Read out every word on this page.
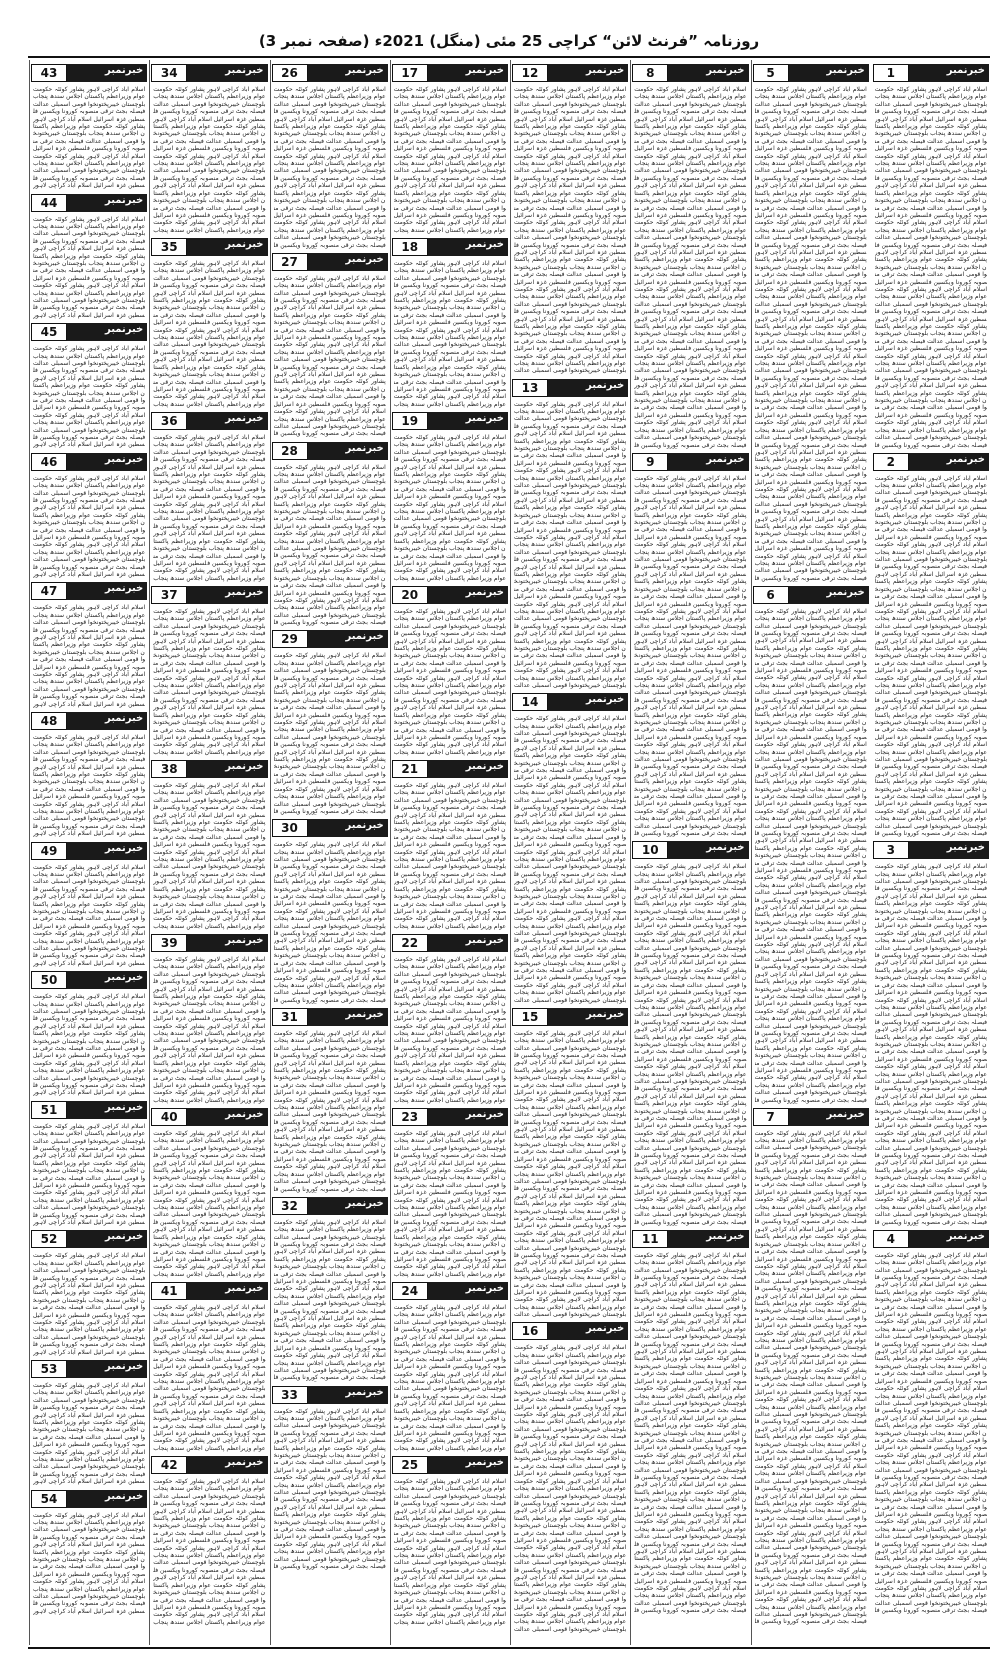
روزنامہ ”فرنٹ لائن“ کراچی 25 مئی (منگل) 2021ء (صفحہ نمبر 3)
خبرنمبر
1
اسلام آباد کراچی لاہور پشاور کوئٹہ حکومت عوام وزیراعظم پاکستان اجلاس سندھ پنجاب بلوچستان خیبرپختونخوا قومی اسمبلی عدالت فیصلہ بجٹ ترقی منصوبہ کورونا ویکسین فلسطین غزہ اسرائیل اسلام آباد کراچی لاہور پشاور کوئٹہ حکومت عوام وزیراعظم پاکستان اجلاس سندھ پنجاب بلوچستان خیبرپختونخوا قومی اسمبلی عدالت فیصلہ بجٹ ترقی منصوبہ کورونا ویکسین فلسطین غزہ اسرائیل اسلام آباد کراچی لاہور پشاور کوئٹہ حکومت عوام وزیراعظم پاکستان اجلاس سندھ پنجاب بلوچستان خیبرپختونخوا قومی اسمبلی عدالت فیصلہ بجٹ ترقی منصوبہ کورونا ویکسین فلسطین غزہ اسرائیل اسلام آباد کراچی لاہور پشاور کوئٹہ حکومت عوام وزیراعظم پاکستان اجلاس سندھ پنجاب بلوچستان خیبرپختونخوا قومی اسمبلی عدالت فیصلہ بجٹ ترقی منصوبہ کورونا ویکسین فلسطین غزہ اسرائیل اسلام آباد کراچی لاہور پشاور کوئٹہ حکومت عوام وزیراعظم پاکستان اجلاس سندھ پنجاب بلوچستان خیبرپختونخوا قومی اسمبلی عدالت فیصلہ بجٹ ترقی منصوبہ کورونا ویکسین فلسطین غزہ اسرائیل اسلام آباد کراچی لاہور پشاور کوئٹہ حکومت عوام وزیراعظم پاکستان اجلاس سندھ پنجاب بلوچستان خیبرپختونخوا قومی اسمبلی عدالت فیصلہ بجٹ ترقی منصوبہ کورونا ویکسین فلسطین غزہ اسرائیل اسلام آباد کراچی لاہور پشاور کوئٹہ حکومت عوام وزیراعظم پاکستان اجلاس سندھ پنجاب بلوچستان خیبرپختونخوا قومی اسمبلی عدالت فیصلہ بجٹ ترقی منصوبہ کورونا ویکسین فلسطین غزہ اسرائیل اسلام آباد کراچی لاہور پشاور کوئٹہ حکومت عوام وزیراعظم پاکستان اجلاس سندھ پنجاب بلوچستان خیبرپختونخوا قومی اسمبلی عدالت فیصلہ بجٹ ترقی منصوبہ کورونا ویکسین فلسطین غزہ اسرائیل اسلام آباد کراچی لاہور پشاور کوئٹہ حکومت عوام وزیراعظم پاکستان اجلاس سندھ پنجاب بلوچستان خیبرپختونخوا قومی اسمبلی عدالت فیصلہ بجٹ ترقی منصوبہ کورونا ویکسین فلسطین غزہ اسرائیل اسلام آباد کراچی لاہور پشاور کوئٹہ حکومت عوام وزیراعظم پاکستان اجلاس سندھ پنجاب بلوچستان خیبرپختونخوا قومی اسمبلی عدالت فیصلہ بجٹ ترقی منصوبہ کورونا ویکسین فلسطین غزہ اسرائیل اسلام آباد کراچی لاہور پشاور کوئٹہ حکومت عوام وزیراعظم پاکستان اجلاس سندھ پنجاب بلوچستان خیبرپختونخوا قومی اسمبلی عدالت فیصلہ بجٹ ترقی منصوبہ کورونا ویکسین فل
خبرنمبر
2
اسلام آباد کراچی لاہور پشاور کوئٹہ حکومت عوام وزیراعظم پاکستان اجلاس سندھ پنجاب بلوچستان خیبرپختونخوا قومی اسمبلی عدالت فیصلہ بجٹ ترقی منصوبہ کورونا ویکسین فلسطین غزہ اسرائیل اسلام آباد کراچی لاہور پشاور کوئٹہ حکومت عوام وزیراعظم پاکستان اجلاس سندھ پنجاب بلوچستان خیبرپختونخوا قومی اسمبلی عدالت فیصلہ بجٹ ترقی منصوبہ کورونا ویکسین فلسطین غزہ اسرائیل اسلام آباد کراچی لاہور پشاور کوئٹہ حکومت عوام وزیراعظم پاکستان اجلاس سندھ پنجاب بلوچستان خیبرپختونخوا قومی اسمبلی عدالت فیصلہ بجٹ ترقی منصوبہ کورونا ویکسین فلسطین غزہ اسرائیل اسلام آباد کراچی لاہور پشاور کوئٹہ حکومت عوام وزیراعظم پاکستان اجلاس سندھ پنجاب بلوچستان خیبرپختونخوا قومی اسمبلی عدالت فیصلہ بجٹ ترقی منصوبہ کورونا ویکسین فلسطین غزہ اسرائیل اسلام آباد کراچی لاہور پشاور کوئٹہ حکومت عوام وزیراعظم پاکستان اجلاس سندھ پنجاب بلوچستان خیبرپختونخوا قومی اسمبلی عدالت فیصلہ بجٹ ترقی منصوبہ کورونا ویکسین فلسطین غزہ اسرائیل اسلام آباد کراچی لاہور پشاور کوئٹہ حکومت عوام وزیراعظم پاکستان اجلاس سندھ پنجاب بلوچستان خیبرپختونخوا قومی اسمبلی عدالت فیصلہ بجٹ ترقی منصوبہ کورونا ویکسین فلسطین غزہ اسرائیل اسلام آباد کراچی لاہور پشاور کوئٹہ حکومت عوام وزیراعظم پاکستان اجلاس سندھ پنجاب بلوچستان خیبرپختونخوا قومی اسمبلی عدالت فیصلہ بجٹ ترقی منصوبہ کورونا ویکسین فلسطین غزہ اسرائیل اسلام آباد کراچی لاہور پشاور کوئٹہ حکومت عوام وزیراعظم پاکستان اجلاس سندھ پنجاب بلوچستان خیبرپختونخوا قومی اسمبلی عدالت فیصلہ بجٹ ترقی منصوبہ کورونا ویکسین فلسطین غزہ اسرائیل اسلام آباد کراچی لاہور پشاور کوئٹہ حکومت عوام وزیراعظم پاکستان اجلاس سندھ پنجاب بلوچستان خیبرپختونخوا قومی اسمبلی عدالت فیصلہ بجٹ ترقی منصوبہ کورونا ویکسین فلسطین غزہ اسرائیل اسلام آباد کراچی لاہور پشاور کوئٹہ حکومت عوام وزیراعظم پاکستان اجلاس سندھ پنجاب بلوچستان خیبرپختونخوا قومی اسمبلی عدالت فیصلہ بجٹ ترقی منصوبہ کورونا ویکسین فلسطین غزہ اسرائیل اسلام آباد کراچی لاہور پشاور کوئٹہ حکومت عوام وزیراعظم پاکستان اجلاس سندھ پنجاب بلوچستان خیبرپختونخوا قومی اسمبلی عدالت فیصلہ بجٹ ترقی منصوبہ کورونا ویکسین فل
خبرنمبر
3
اسلام آباد کراچی لاہور پشاور کوئٹہ حکومت عوام وزیراعظم پاکستان اجلاس سندھ پنجاب بلوچستان خیبرپختونخوا قومی اسمبلی عدالت فیصلہ بجٹ ترقی منصوبہ کورونا ویکسین فلسطین غزہ اسرائیل اسلام آباد کراچی لاہور پشاور کوئٹہ حکومت عوام وزیراعظم پاکستان اجلاس سندھ پنجاب بلوچستان خیبرپختونخوا قومی اسمبلی عدالت فیصلہ بجٹ ترقی منصوبہ کورونا ویکسین فلسطین غزہ اسرائیل اسلام آباد کراچی لاہور پشاور کوئٹہ حکومت عوام وزیراعظم پاکستان اجلاس سندھ پنجاب بلوچستان خیبرپختونخوا قومی اسمبلی عدالت فیصلہ بجٹ ترقی منصوبہ کورونا ویکسین فلسطین غزہ اسرائیل اسلام آباد کراچی لاہور پشاور کوئٹہ حکومت عوام وزیراعظم پاکستان اجلاس سندھ پنجاب بلوچستان خیبرپختونخوا قومی اسمبلی عدالت فیصلہ بجٹ ترقی منصوبہ کورونا ویکسین فلسطین غزہ اسرائیل اسلام آباد کراچی لاہور پشاور کوئٹہ حکومت عوام وزیراعظم پاکستان اجلاس سندھ پنجاب بلوچستان خیبرپختونخوا قومی اسمبلی عدالت فیصلہ بجٹ ترقی منصوبہ کورونا ویکسین فلسطین غزہ اسرائیل اسلام آباد کراچی لاہور پشاور کوئٹہ حکومت عوام وزیراعظم پاکستان اجلاس سندھ پنجاب بلوچستان خیبرپختونخوا قومی اسمبلی عدالت فیصلہ بجٹ ترقی منصوبہ کورونا ویکسین فلسطین غزہ اسرائیل اسلام آباد کراچی لاہور پشاور کوئٹہ حکومت عوام وزیراعظم پاکستان اجلاس سندھ پنجاب بلوچستان خیبرپختونخوا قومی اسمبلی عدالت فیصلہ بجٹ ترقی منصوبہ کورونا ویکسین فلسطین غزہ اسرائیل اسلام آباد کراچی لاہور پشاور کوئٹہ حکومت عوام وزیراعظم پاکستان اجلاس سندھ پنجاب بلوچستان خیبرپختونخوا قومی اسمبلی عدالت فیصلہ بجٹ ترقی منصوبہ کورونا ویکسین فلسطین غزہ اسرائیل اسلام آباد کراچی لاہور پشاور کوئٹہ حکومت عوام وزیراعظم پاکستان اجلاس سندھ پنجاب بلوچستان خیبرپختونخوا قومی اسمبلی عدالت فیصلہ بجٹ ترقی منصوبہ کورونا ویکسین فلسطین غزہ اسرائیل اسلام آباد کراچی لاہور پشاور کوئٹہ حکومت عوام وزیراعظم پاکستان اجلاس سندھ پنجاب بلوچستان خیبرپختونخوا قومی اسمبلی عدالت فیصلہ بجٹ ترقی منصوبہ کورونا ویکسین فلسطین غزہ اسرائیل اسلام آباد کراچی لاہور پشاور کوئٹہ حکومت عوام وزیراعظم پاکستان اجلاس سندھ پنجاب بلوچستان خیبرپختونخوا قومی اسمبلی عدالت فیصلہ بجٹ ترقی منصوبہ کورونا ویکسین فل
خبرنمبر
4
اسلام آباد کراچی لاہور پشاور کوئٹہ حکومت عوام وزیراعظم پاکستان اجلاس سندھ پنجاب بلوچستان خیبرپختونخوا قومی اسمبلی عدالت فیصلہ بجٹ ترقی منصوبہ کورونا ویکسین فلسطین غزہ اسرائیل اسلام آباد کراچی لاہور پشاور کوئٹہ حکومت عوام وزیراعظم پاکستان اجلاس سندھ پنجاب بلوچستان خیبرپختونخوا قومی اسمبلی عدالت فیصلہ بجٹ ترقی منصوبہ کورونا ویکسین فلسطین غزہ اسرائیل اسلام آباد کراچی لاہور پشاور کوئٹہ حکومت عوام وزیراعظم پاکستان اجلاس سندھ پنجاب بلوچستان خیبرپختونخوا قومی اسمبلی عدالت فیصلہ بجٹ ترقی منصوبہ کورونا ویکسین فلسطین غزہ اسرائیل اسلام آباد کراچی لاہور پشاور کوئٹہ حکومت عوام وزیراعظم پاکستان اجلاس سندھ پنجاب بلوچستان خیبرپختونخوا قومی اسمبلی عدالت فیصلہ بجٹ ترقی منصوبہ کورونا ویکسین فلسطین غزہ اسرائیل اسلام آباد کراچی لاہور پشاور کوئٹہ حکومت عوام وزیراعظم پاکستان اجلاس سندھ پنجاب بلوچستان خیبرپختونخوا قومی اسمبلی عدالت فیصلہ بجٹ ترقی منصوبہ کورونا ویکسین فلسطین غزہ اسرائیل اسلام آباد کراچی لاہور پشاور کوئٹہ حکومت عوام وزیراعظم پاکستان اجلاس سندھ پنجاب بلوچستان خیبرپختونخوا قومی اسمبلی عدالت فیصلہ بجٹ ترقی منصوبہ کورونا ویکسین فلسطین غزہ اسرائیل اسلام آباد کراچی لاہور پشاور کوئٹہ حکومت عوام وزیراعظم پاکستان اجلاس سندھ پنجاب بلوچستان خیبرپختونخوا قومی اسمبلی عدالت فیصلہ بجٹ ترقی منصوبہ کورونا ویکسین فلسطین غزہ اسرائیل اسلام آباد کراچی لاہور پشاور کوئٹہ حکومت عوام وزیراعظم پاکستان اجلاس سندھ پنجاب بلوچستان خیبرپختونخوا قومی اسمبلی عدالت فیصلہ بجٹ ترقی منصوبہ کورونا ویکسین فلسطین غزہ اسرائیل اسلام آباد کراچی لاہور پشاور کوئٹہ حکومت عوام وزیراعظم پاکستان اجلاس سندھ پنجاب بلوچستان خیبرپختونخوا قومی اسمبلی عدالت فیصلہ بجٹ ترقی منصوبہ کورونا ویکسین فلسطین غزہ اسرائیل اسلام آباد کراچی لاہور پشاور کوئٹہ حکومت عوام وزیراعظم پاکستان اجلاس سندھ پنجاب بلوچستان خیبرپختونخوا قومی اسمبلی عدالت فیصلہ بجٹ ترقی منصوبہ کورونا ویکسین فلسطین غزہ اسرائیل اسلام آباد کراچی لاہور پشاور کوئٹہ حکومت عوام وزیراعظم پاکستان اجلاس سندھ پنجاب بلوچستان خیبرپختونخوا قومی اسمبلی عدالت فیصلہ بجٹ ترقی منصوبہ کورونا ویکسین فل
خبرنمبر
5
اسلام آباد کراچی لاہور پشاور کوئٹہ حکومت عوام وزیراعظم پاکستان اجلاس سندھ پنجاب بلوچستان خیبرپختونخوا قومی اسمبلی عدالت فیصلہ بجٹ ترقی منصوبہ کورونا ویکسین فلسطین غزہ اسرائیل اسلام آباد کراچی لاہور پشاور کوئٹہ حکومت عوام وزیراعظم پاکستان اجلاس سندھ پنجاب بلوچستان خیبرپختونخوا قومی اسمبلی عدالت فیصلہ بجٹ ترقی منصوبہ کورونا ویکسین فلسطین غزہ اسرائیل اسلام آباد کراچی لاہور پشاور کوئٹہ حکومت عوام وزیراعظم پاکستان اجلاس سندھ پنجاب بلوچستان خیبرپختونخوا قومی اسمبلی عدالت فیصلہ بجٹ ترقی منصوبہ کورونا ویکسین فلسطین غزہ اسرائیل اسلام آباد کراچی لاہور پشاور کوئٹہ حکومت عوام وزیراعظم پاکستان اجلاس سندھ پنجاب بلوچستان خیبرپختونخوا قومی اسمبلی عدالت فیصلہ بجٹ ترقی منصوبہ کورونا ویکسین فلسطین غزہ اسرائیل اسلام آباد کراچی لاہور پشاور کوئٹہ حکومت عوام وزیراعظم پاکستان اجلاس سندھ پنجاب بلوچستان خیبرپختونخوا قومی اسمبلی عدالت فیصلہ بجٹ ترقی منصوبہ کورونا ویکسین فلسطین غزہ اسرائیل اسلام آباد کراچی لاہور پشاور کوئٹہ حکومت عوام وزیراعظم پاکستان اجلاس سندھ پنجاب بلوچستان خیبرپختونخوا قومی اسمبلی عدالت فیصلہ بجٹ ترقی منصوبہ کورونا ویکسین فلسطین غزہ اسرائیل اسلام آباد کراچی لاہور پشاور کوئٹہ حکومت عوام وزیراعظم پاکستان اجلاس سندھ پنجاب بلوچستان خیبرپختونخوا قومی اسمبلی عدالت فیصلہ بجٹ ترقی منصوبہ کورونا ویکسین فلسطین غزہ اسرائیل اسلام آباد کراچی لاہور پشاور کوئٹہ حکومت عوام وزیراعظم پاکستان اجلاس سندھ پنجاب بلوچستان خیبرپختونخوا قومی اسمبلی عدالت فیصلہ بجٹ ترقی منصوبہ کورونا ویکسین فلسطین غزہ اسرائیل اسلام آباد کراچی لاہور پشاور کوئٹہ حکومت عوام وزیراعظم پاکستان اجلاس سندھ پنجاب بلوچستان خیبرپختونخوا قومی اسمبلی عدالت فیصلہ بجٹ ترقی منصوبہ کورونا ویکسین فلسطین غزہ اسرائیل اسلام آباد کراچی لاہور پشاور کوئٹہ حکومت عوام وزیراعظم پاکستان اجلاس سندھ پنجاب بلوچستان خیبرپختونخوا قومی اسمبلی عدالت فیصلہ بجٹ ترقی منصوبہ کورونا ویکسین فلسطین غزہ اسرائیل اسلام آباد کراچی لاہور پشاور کوئٹہ حکومت عوام وزیراعظم پاکستان اجلاس سندھ پنجاب بلوچستان خیبرپختونخوا قومی اسمبلی عدالت فیصلہ بجٹ ترقی منصوبہ کورونا ویکسین فلسطین غزہ اسرائیل اسلام آباد کراچی لاہور پشاور کوئٹہ حکومت عوام وزیراعظم پاکستان اجلاس سندھ پنجاب بلوچستان خیبرپختونخوا قومی اسمبلی عدالت فیصلہ بجٹ ترقی منصوبہ کورونا ویکسین فلسطین غزہ اسرائیل اسلام آباد کراچی لاہور پشاور کوئٹہ حکومت عوام وزیراعظم پاکستان اجلاس سندھ پنجاب بلوچستان خیبرپختونخوا قومی اسمبلی عدالت فیصلہ بجٹ ترقی منصوبہ کورونا ویکسین فلسطین غزہ اسرائیل اسلام آباد کراچی لاہور پشاور کوئٹہ حکومت عوام وزیراعظم پاکستان اجلاس سندھ پنجاب بلوچستان خیبرپختونخوا قومی اسمبلی عدالت فیصلہ بجٹ ترقی منصوبہ کورونا ویکسین فلسطین غزہ اسرائیل اسلام آباد کراچی لاہور پشاور کوئٹہ حکومت عوام وزیراعظم پاکستان اجلاس سندھ پنجاب بلوچستان خیبرپختونخوا قومی اسمبلی عدالت فیصلہ بجٹ ترقی منصوبہ کورونا ویکسین فل
خبرنمبر
6
اسلام آباد کراچی لاہور پشاور کوئٹہ حکومت عوام وزیراعظم پاکستان اجلاس سندھ پنجاب بلوچستان خیبرپختونخوا قومی اسمبلی عدالت فیصلہ بجٹ ترقی منصوبہ کورونا ویکسین فلسطین غزہ اسرائیل اسلام آباد کراچی لاہور پشاور کوئٹہ حکومت عوام وزیراعظم پاکستان اجلاس سندھ پنجاب بلوچستان خیبرپختونخوا قومی اسمبلی عدالت فیصلہ بجٹ ترقی منصوبہ کورونا ویکسین فلسطین غزہ اسرائیل اسلام آباد کراچی لاہور پشاور کوئٹہ حکومت عوام وزیراعظم پاکستان اجلاس سندھ پنجاب بلوچستان خیبرپختونخوا قومی اسمبلی عدالت فیصلہ بجٹ ترقی منصوبہ کورونا ویکسین فلسطین غزہ اسرائیل اسلام آباد کراچی لاہور پشاور کوئٹہ حکومت عوام وزیراعظم پاکستان اجلاس سندھ پنجاب بلوچستان خیبرپختونخوا قومی اسمبلی عدالت فیصلہ بجٹ ترقی منصوبہ کورونا ویکسین فلسطین غزہ اسرائیل اسلام آباد کراچی لاہور پشاور کوئٹہ حکومت عوام وزیراعظم پاکستان اجلاس سندھ پنجاب بلوچستان خیبرپختونخوا قومی اسمبلی عدالت فیصلہ بجٹ ترقی منصوبہ کورونا ویکسین فلسطین غزہ اسرائیل اسلام آباد کراچی لاہور پشاور کوئٹہ حکومت عوام وزیراعظم پاکستان اجلاس سندھ پنجاب بلوچستان خیبرپختونخوا قومی اسمبلی عدالت فیصلہ بجٹ ترقی منصوبہ کورونا ویکسین فلسطین غزہ اسرائیل اسلام آباد کراچی لاہور پشاور کوئٹہ حکومت عوام وزیراعظم پاکستان اجلاس سندھ پنجاب بلوچستان خیبرپختونخوا قومی اسمبلی عدالت فیصلہ بجٹ ترقی منصوبہ کورونا ویکسین فلسطین غزہ اسرائیل اسلام آباد کراچی لاہور پشاور کوئٹہ حکومت عوام وزیراعظم پاکستان اجلاس سندھ پنجاب بلوچستان خیبرپختونخوا قومی اسمبلی عدالت فیصلہ بجٹ ترقی منصوبہ کورونا ویکسین فلسطین غزہ اسرائیل اسلام آباد کراچی لاہور پشاور کوئٹہ حکومت عوام وزیراعظم پاکستان اجلاس سندھ پنجاب بلوچستان خیبرپختونخوا قومی اسمبلی عدالت فیصلہ بجٹ ترقی منصوبہ کورونا ویکسین فلسطین غزہ اسرائیل اسلام آباد کراچی لاہور پشاور کوئٹہ حکومت عوام وزیراعظم پاکستان اجلاس سندھ پنجاب بلوچستان خیبرپختونخوا قومی اسمبلی عدالت فیصلہ بجٹ ترقی منصوبہ کورونا ویکسین فلسطین غزہ اسرائیل اسلام آباد کراچی لاہور پشاور کوئٹہ حکومت عوام وزیراعظم پاکستان اجلاس سندھ پنجاب بلوچستان خیبرپختونخوا قومی اسمبلی عدالت فیصلہ بجٹ ترقی منصوبہ کورونا ویکسین فلسطین غزہ اسرائیل اسلام آباد کراچی لاہور پشاور کوئٹہ حکومت عوام وزیراعظم پاکستان اجلاس سندھ پنجاب بلوچستان خیبرپختونخوا قومی اسمبلی عدالت فیصلہ بجٹ ترقی منصوبہ کورونا ویکسین فلسطین غزہ اسرائیل اسلام آباد کراچی لاہور پشاور کوئٹہ حکومت عوام وزیراعظم پاکستان اجلاس سندھ پنجاب بلوچستان خیبرپختونخوا قومی اسمبلی عدالت فیصلہ بجٹ ترقی منصوبہ کورونا ویکسین فلسطین غزہ اسرائیل اسلام آباد کراچی لاہور پشاور کوئٹہ حکومت عوام وزیراعظم پاکستان اجلاس سندھ پنجاب بلوچستان خیبرپختونخوا قومی اسمبلی عدالت فیصلہ بجٹ ترقی منصوبہ کورونا ویکسین فلسطین غزہ اسرائیل اسلام آباد کراچی لاہور پشاور کوئٹہ حکومت عوام وزیراعظم پاکستان اجلاس سندھ پنجاب بلوچستان خیبرپختونخوا قومی اسمبلی عدالت فیصلہ بجٹ ترقی منصوبہ کورونا ویکسین فل
خبرنمبر
7
اسلام آباد کراچی لاہور پشاور کوئٹہ حکومت عوام وزیراعظم پاکستان اجلاس سندھ پنجاب بلوچستان خیبرپختونخوا قومی اسمبلی عدالت فیصلہ بجٹ ترقی منصوبہ کورونا ویکسین فلسطین غزہ اسرائیل اسلام آباد کراچی لاہور پشاور کوئٹہ حکومت عوام وزیراعظم پاکستان اجلاس سندھ پنجاب بلوچستان خیبرپختونخوا قومی اسمبلی عدالت فیصلہ بجٹ ترقی منصوبہ کورونا ویکسین فلسطین غزہ اسرائیل اسلام آباد کراچی لاہور پشاور کوئٹہ حکومت عوام وزیراعظم پاکستان اجلاس سندھ پنجاب بلوچستان خیبرپختونخوا قومی اسمبلی عدالت فیصلہ بجٹ ترقی منصوبہ کورونا ویکسین فلسطین غزہ اسرائیل اسلام آباد کراچی لاہور پشاور کوئٹہ حکومت عوام وزیراعظم پاکستان اجلاس سندھ پنجاب بلوچستان خیبرپختونخوا قومی اسمبلی عدالت فیصلہ بجٹ ترقی منصوبہ کورونا ویکسین فلسطین غزہ اسرائیل اسلام آباد کراچی لاہور پشاور کوئٹہ حکومت عوام وزیراعظم پاکستان اجلاس سندھ پنجاب بلوچستان خیبرپختونخوا قومی اسمبلی عدالت فیصلہ بجٹ ترقی منصوبہ کورونا ویکسین فلسطین غزہ اسرائیل اسلام آباد کراچی لاہور پشاور کوئٹہ حکومت عوام وزیراعظم پاکستان اجلاس سندھ پنجاب بلوچستان خیبرپختونخوا قومی اسمبلی عدالت فیصلہ بجٹ ترقی منصوبہ کورونا ویکسین فلسطین غزہ اسرائیل اسلام آباد کراچی لاہور پشاور کوئٹہ حکومت عوام وزیراعظم پاکستان اجلاس سندھ پنجاب بلوچستان خیبرپختونخوا قومی اسمبلی عدالت فیصلہ بجٹ ترقی منصوبہ کورونا ویکسین فلسطین غزہ اسرائیل اسلام آباد کراچی لاہور پشاور کوئٹہ حکومت عوام وزیراعظم پاکستان اجلاس سندھ پنجاب بلوچستان خیبرپختونخوا قومی اسمبلی عدالت فیصلہ بجٹ ترقی منصوبہ کورونا ویکسین فلسطین غزہ اسرائیل اسلام آباد کراچی لاہور پشاور کوئٹہ حکومت عوام وزیراعظم پاکستان اجلاس سندھ پنجاب بلوچستان خیبرپختونخوا قومی اسمبلی عدالت فیصلہ بجٹ ترقی منصوبہ کورونا ویکسین فلسطین غزہ اسرائیل اسلام آباد کراچی لاہور پشاور کوئٹہ حکومت عوام وزیراعظم پاکستان اجلاس سندھ پنجاب بلوچستان خیبرپختونخوا قومی اسمبلی عدالت فیصلہ بجٹ ترقی منصوبہ کورونا ویکسین فلسطین غزہ اسرائیل اسلام آباد کراچی لاہور پشاور کوئٹہ حکومت عوام وزیراعظم پاکستان اجلاس سندھ پنجاب بلوچستان خیبرپختونخوا قومی اسمبلی عدالت فیصلہ بجٹ ترقی منصوبہ کورونا ویکسین فلسطین غزہ اسرائیل اسلام آباد کراچی لاہور پشاور کوئٹہ حکومت عوام وزیراعظم پاکستان اجلاس سندھ پنجاب بلوچستان خیبرپختونخوا قومی اسمبلی عدالت فیصلہ بجٹ ترقی منصوبہ کورونا ویکسین فلسطین غزہ اسرائیل اسلام آباد کراچی لاہور پشاور کوئٹہ حکومت عوام وزیراعظم پاکستان اجلاس سندھ پنجاب بلوچستان خیبرپختونخوا قومی اسمبلی عدالت فیصلہ بجٹ ترقی منصوبہ کورونا ویکسین فلسطین غزہ اسرائیل اسلام آباد کراچی لاہور پشاور کوئٹہ حکومت عوام وزیراعظم پاکستان اجلاس سندھ پنجاب بلوچستان خیبرپختونخوا قومی اسمبلی عدالت فیصلہ بجٹ ترقی منصوبہ کورونا ویکسین فلسطین غزہ اسرائیل اسلام آباد کراچی لاہور پشاور کوئٹہ حکومت عوام وزیراعظم پاکستان اجلاس سندھ پنجاب بلوچستان خیبرپختونخوا قومی اسمبلی عدالت فیصلہ بجٹ ترقی منصوبہ کورونا ویکسین فل
خبرنمبر
8
اسلام آباد کراچی لاہور پشاور کوئٹہ حکومت عوام وزیراعظم پاکستان اجلاس سندھ پنجاب بلوچستان خیبرپختونخوا قومی اسمبلی عدالت فیصلہ بجٹ ترقی منصوبہ کورونا ویکسین فلسطین غزہ اسرائیل اسلام آباد کراچی لاہور پشاور کوئٹہ حکومت عوام وزیراعظم پاکستان اجلاس سندھ پنجاب بلوچستان خیبرپختونخوا قومی اسمبلی عدالت فیصلہ بجٹ ترقی منصوبہ کورونا ویکسین فلسطین غزہ اسرائیل اسلام آباد کراچی لاہور پشاور کوئٹہ حکومت عوام وزیراعظم پاکستان اجلاس سندھ پنجاب بلوچستان خیبرپختونخوا قومی اسمبلی عدالت فیصلہ بجٹ ترقی منصوبہ کورونا ویکسین فلسطین غزہ اسرائیل اسلام آباد کراچی لاہور پشاور کوئٹہ حکومت عوام وزیراعظم پاکستان اجلاس سندھ پنجاب بلوچستان خیبرپختونخوا قومی اسمبلی عدالت فیصلہ بجٹ ترقی منصوبہ کورونا ویکسین فلسطین غزہ اسرائیل اسلام آباد کراچی لاہور پشاور کوئٹہ حکومت عوام وزیراعظم پاکستان اجلاس سندھ پنجاب بلوچستان خیبرپختونخوا قومی اسمبلی عدالت فیصلہ بجٹ ترقی منصوبہ کورونا ویکسین فلسطین غزہ اسرائیل اسلام آباد کراچی لاہور پشاور کوئٹہ حکومت عوام وزیراعظم پاکستان اجلاس سندھ پنجاب بلوچستان خیبرپختونخوا قومی اسمبلی عدالت فیصلہ بجٹ ترقی منصوبہ کورونا ویکسین فلسطین غزہ اسرائیل اسلام آباد کراچی لاہور پشاور کوئٹہ حکومت عوام وزیراعظم پاکستان اجلاس سندھ پنجاب بلوچستان خیبرپختونخوا قومی اسمبلی عدالت فیصلہ بجٹ ترقی منصوبہ کورونا ویکسین فلسطین غزہ اسرائیل اسلام آباد کراچی لاہور پشاور کوئٹہ حکومت عوام وزیراعظم پاکستان اجلاس سندھ پنجاب بلوچستان خیبرپختونخوا قومی اسمبلی عدالت فیصلہ بجٹ ترقی منصوبہ کورونا ویکسین فلسطین غزہ اسرائیل اسلام آباد کراچی لاہور پشاور کوئٹہ حکومت عوام وزیراعظم پاکستان اجلاس سندھ پنجاب بلوچستان خیبرپختونخوا قومی اسمبلی عدالت فیصلہ بجٹ ترقی منصوبہ کورونا ویکسین فلسطین غزہ اسرائیل اسلام آباد کراچی لاہور پشاور کوئٹہ حکومت عوام وزیراعظم پاکستان اجلاس سندھ پنجاب بلوچستان خیبرپختونخوا قومی اسمبلی عدالت فیصلہ بجٹ ترقی منصوبہ کورونا ویکسین فلسطین غزہ اسرائیل اسلام آباد کراچی لاہور پشاور کوئٹہ حکومت عوام وزیراعظم پاکستان اجلاس سندھ پنجاب بلوچستان خیبرپختونخوا قومی اسمبلی عدالت فیصلہ بجٹ ترقی منصوبہ کورونا ویکسین فل
خبرنمبر
9
اسلام آباد کراچی لاہور پشاور کوئٹہ حکومت عوام وزیراعظم پاکستان اجلاس سندھ پنجاب بلوچستان خیبرپختونخوا قومی اسمبلی عدالت فیصلہ بجٹ ترقی منصوبہ کورونا ویکسین فلسطین غزہ اسرائیل اسلام آباد کراچی لاہور پشاور کوئٹہ حکومت عوام وزیراعظم پاکستان اجلاس سندھ پنجاب بلوچستان خیبرپختونخوا قومی اسمبلی عدالت فیصلہ بجٹ ترقی منصوبہ کورونا ویکسین فلسطین غزہ اسرائیل اسلام آباد کراچی لاہور پشاور کوئٹہ حکومت عوام وزیراعظم پاکستان اجلاس سندھ پنجاب بلوچستان خیبرپختونخوا قومی اسمبلی عدالت فیصلہ بجٹ ترقی منصوبہ کورونا ویکسین فلسطین غزہ اسرائیل اسلام آباد کراچی لاہور پشاور کوئٹہ حکومت عوام وزیراعظم پاکستان اجلاس سندھ پنجاب بلوچستان خیبرپختونخوا قومی اسمبلی عدالت فیصلہ بجٹ ترقی منصوبہ کورونا ویکسین فلسطین غزہ اسرائیل اسلام آباد کراچی لاہور پشاور کوئٹہ حکومت عوام وزیراعظم پاکستان اجلاس سندھ پنجاب بلوچستان خیبرپختونخوا قومی اسمبلی عدالت فیصلہ بجٹ ترقی منصوبہ کورونا ویکسین فلسطین غزہ اسرائیل اسلام آباد کراچی لاہور پشاور کوئٹہ حکومت عوام وزیراعظم پاکستان اجلاس سندھ پنجاب بلوچستان خیبرپختونخوا قومی اسمبلی عدالت فیصلہ بجٹ ترقی منصوبہ کورونا ویکسین فلسطین غزہ اسرائیل اسلام آباد کراچی لاہور پشاور کوئٹہ حکومت عوام وزیراعظم پاکستان اجلاس سندھ پنجاب بلوچستان خیبرپختونخوا قومی اسمبلی عدالت فیصلہ بجٹ ترقی منصوبہ کورونا ویکسین فلسطین غزہ اسرائیل اسلام آباد کراچی لاہور پشاور کوئٹہ حکومت عوام وزیراعظم پاکستان اجلاس سندھ پنجاب بلوچستان خیبرپختونخوا قومی اسمبلی عدالت فیصلہ بجٹ ترقی منصوبہ کورونا ویکسین فلسطین غزہ اسرائیل اسلام آباد کراچی لاہور پشاور کوئٹہ حکومت عوام وزیراعظم پاکستان اجلاس سندھ پنجاب بلوچستان خیبرپختونخوا قومی اسمبلی عدالت فیصلہ بجٹ ترقی منصوبہ کورونا ویکسین فلسطین غزہ اسرائیل اسلام آباد کراچی لاہور پشاور کوئٹہ حکومت عوام وزیراعظم پاکستان اجلاس سندھ پنجاب بلوچستان خیبرپختونخوا قومی اسمبلی عدالت فیصلہ بجٹ ترقی منصوبہ کورونا ویکسین فلسطین غزہ اسرائیل اسلام آباد کراچی لاہور پشاور کوئٹہ حکومت عوام وزیراعظم پاکستان اجلاس سندھ پنجاب بلوچستان خیبرپختونخوا قومی اسمبلی عدالت فیصلہ بجٹ ترقی منصوبہ کورونا ویکسین فل
خبرنمبر
10
اسلام آباد کراچی لاہور پشاور کوئٹہ حکومت عوام وزیراعظم پاکستان اجلاس سندھ پنجاب بلوچستان خیبرپختونخوا قومی اسمبلی عدالت فیصلہ بجٹ ترقی منصوبہ کورونا ویکسین فلسطین غزہ اسرائیل اسلام آباد کراچی لاہور پشاور کوئٹہ حکومت عوام وزیراعظم پاکستان اجلاس سندھ پنجاب بلوچستان خیبرپختونخوا قومی اسمبلی عدالت فیصلہ بجٹ ترقی منصوبہ کورونا ویکسین فلسطین غزہ اسرائیل اسلام آباد کراچی لاہور پشاور کوئٹہ حکومت عوام وزیراعظم پاکستان اجلاس سندھ پنجاب بلوچستان خیبرپختونخوا قومی اسمبلی عدالت فیصلہ بجٹ ترقی منصوبہ کورونا ویکسین فلسطین غزہ اسرائیل اسلام آباد کراچی لاہور پشاور کوئٹہ حکومت عوام وزیراعظم پاکستان اجلاس سندھ پنجاب بلوچستان خیبرپختونخوا قومی اسمبلی عدالت فیصلہ بجٹ ترقی منصوبہ کورونا ویکسین فلسطین غزہ اسرائیل اسلام آباد کراچی لاہور پشاور کوئٹہ حکومت عوام وزیراعظم پاکستان اجلاس سندھ پنجاب بلوچستان خیبرپختونخوا قومی اسمبلی عدالت فیصلہ بجٹ ترقی منصوبہ کورونا ویکسین فلسطین غزہ اسرائیل اسلام آباد کراچی لاہور پشاور کوئٹہ حکومت عوام وزیراعظم پاکستان اجلاس سندھ پنجاب بلوچستان خیبرپختونخوا قومی اسمبلی عدالت فیصلہ بجٹ ترقی منصوبہ کورونا ویکسین فلسطین غزہ اسرائیل اسلام آباد کراچی لاہور پشاور کوئٹہ حکومت عوام وزیراعظم پاکستان اجلاس سندھ پنجاب بلوچستان خیبرپختونخوا قومی اسمبلی عدالت فیصلہ بجٹ ترقی منصوبہ کورونا ویکسین فلسطین غزہ اسرائیل اسلام آباد کراچی لاہور پشاور کوئٹہ حکومت عوام وزیراعظم پاکستان اجلاس سندھ پنجاب بلوچستان خیبرپختونخوا قومی اسمبلی عدالت فیصلہ بجٹ ترقی منصوبہ کورونا ویکسین فلسطین غزہ اسرائیل اسلام آباد کراچی لاہور پشاور کوئٹہ حکومت عوام وزیراعظم پاکستان اجلاس سندھ پنجاب بلوچستان خیبرپختونخوا قومی اسمبلی عدالت فیصلہ بجٹ ترقی منصوبہ کورونا ویکسین فلسطین غزہ اسرائیل اسلام آباد کراچی لاہور پشاور کوئٹہ حکومت عوام وزیراعظم پاکستان اجلاس سندھ پنجاب بلوچستان خیبرپختونخوا قومی اسمبلی عدالت فیصلہ بجٹ ترقی منصوبہ کورونا ویکسین فلسطین غزہ اسرائیل اسلام آباد کراچی لاہور پشاور کوئٹہ حکومت عوام وزیراعظم پاکستان اجلاس سندھ پنجاب بلوچستان خیبرپختونخوا قومی اسمبلی عدالت فیصلہ بجٹ ترقی منصوبہ کورونا ویکسین فل
خبرنمبر
11
اسلام آباد کراچی لاہور پشاور کوئٹہ حکومت عوام وزیراعظم پاکستان اجلاس سندھ پنجاب بلوچستان خیبرپختونخوا قومی اسمبلی عدالت فیصلہ بجٹ ترقی منصوبہ کورونا ویکسین فلسطین غزہ اسرائیل اسلام آباد کراچی لاہور پشاور کوئٹہ حکومت عوام وزیراعظم پاکستان اجلاس سندھ پنجاب بلوچستان خیبرپختونخوا قومی اسمبلی عدالت فیصلہ بجٹ ترقی منصوبہ کورونا ویکسین فلسطین غزہ اسرائیل اسلام آباد کراچی لاہور پشاور کوئٹہ حکومت عوام وزیراعظم پاکستان اجلاس سندھ پنجاب بلوچستان خیبرپختونخوا قومی اسمبلی عدالت فیصلہ بجٹ ترقی منصوبہ کورونا ویکسین فلسطین غزہ اسرائیل اسلام آباد کراچی لاہور پشاور کوئٹہ حکومت عوام وزیراعظم پاکستان اجلاس سندھ پنجاب بلوچستان خیبرپختونخوا قومی اسمبلی عدالت فیصلہ بجٹ ترقی منصوبہ کورونا ویکسین فلسطین غزہ اسرائیل اسلام آباد کراچی لاہور پشاور کوئٹہ حکومت عوام وزیراعظم پاکستان اجلاس سندھ پنجاب بلوچستان خیبرپختونخوا قومی اسمبلی عدالت فیصلہ بجٹ ترقی منصوبہ کورونا ویکسین فلسطین غزہ اسرائیل اسلام آباد کراچی لاہور پشاور کوئٹہ حکومت عوام وزیراعظم پاکستان اجلاس سندھ پنجاب بلوچستان خیبرپختونخوا قومی اسمبلی عدالت فیصلہ بجٹ ترقی منصوبہ کورونا ویکسین فلسطین غزہ اسرائیل اسلام آباد کراچی لاہور پشاور کوئٹہ حکومت عوام وزیراعظم پاکستان اجلاس سندھ پنجاب بلوچستان خیبرپختونخوا قومی اسمبلی عدالت فیصلہ بجٹ ترقی منصوبہ کورونا ویکسین فلسطین غزہ اسرائیل اسلام آباد کراچی لاہور پشاور کوئٹہ حکومت عوام وزیراعظم پاکستان اجلاس سندھ پنجاب بلوچستان خیبرپختونخوا قومی اسمبلی عدالت فیصلہ بجٹ ترقی منصوبہ کورونا ویکسین فلسطین غزہ اسرائیل اسلام آباد کراچی لاہور پشاور کوئٹہ حکومت عوام وزیراعظم پاکستان اجلاس سندھ پنجاب بلوچستان خیبرپختونخوا قومی اسمبلی عدالت فیصلہ بجٹ ترقی منصوبہ کورونا ویکسین فلسطین غزہ اسرائیل اسلام آباد کراچی لاہور پشاور کوئٹہ حکومت عوام وزیراعظم پاکستان اجلاس سندھ پنجاب بلوچستان خیبرپختونخوا قومی اسمبلی عدالت فیصلہ بجٹ ترقی منصوبہ کورونا ویکسین فلسطین غزہ اسرائیل اسلام آباد کراچی لاہور پشاور کوئٹہ حکومت عوام وزیراعظم پاکستان اجلاس سندھ پنجاب بلوچستان خیبرپختونخوا قومی اسمبلی عدالت فیصلہ بجٹ ترقی منصوبہ کورونا ویکسین فل
خبرنمبر
12
اسلام آباد کراچی لاہور پشاور کوئٹہ حکومت عوام وزیراعظم پاکستان اجلاس سندھ پنجاب بلوچستان خیبرپختونخوا قومی اسمبلی عدالت فیصلہ بجٹ ترقی منصوبہ کورونا ویکسین فلسطین غزہ اسرائیل اسلام آباد کراچی لاہور پشاور کوئٹہ حکومت عوام وزیراعظم پاکستان اجلاس سندھ پنجاب بلوچستان خیبرپختونخوا قومی اسمبلی عدالت فیصلہ بجٹ ترقی منصوبہ کورونا ویکسین فلسطین غزہ اسرائیل اسلام آباد کراچی لاہور پشاور کوئٹہ حکومت عوام وزیراعظم پاکستان اجلاس سندھ پنجاب بلوچستان خیبرپختونخوا قومی اسمبلی عدالت فیصلہ بجٹ ترقی منصوبہ کورونا ویکسین فلسطین غزہ اسرائیل اسلام آباد کراچی لاہور پشاور کوئٹہ حکومت عوام وزیراعظم پاکستان اجلاس سندھ پنجاب بلوچستان خیبرپختونخوا قومی اسمبلی عدالت فیصلہ بجٹ ترقی منصوبہ کورونا ویکسین فلسطین غزہ اسرائیل اسلام آباد کراچی لاہور پشاور کوئٹہ حکومت عوام وزیراعظم پاکستان اجلاس سندھ پنجاب بلوچستان خیبرپختونخوا قومی اسمبلی عدالت فیصلہ بجٹ ترقی منصوبہ کورونا ویکسین فلسطین غزہ اسرائیل اسلام آباد کراچی لاہور پشاور کوئٹہ حکومت عوام وزیراعظم پاکستان اجلاس سندھ پنجاب بلوچستان خیبرپختونخوا قومی اسمبلی عدالت فیصلہ بجٹ ترقی منصوبہ کورونا ویکسین فلسطین غزہ اسرائیل اسلام آباد کراچی لاہور پشاور کوئٹہ حکومت عوام وزیراعظم پاکستان اجلاس سندھ پنجاب بلوچستان خیبرپختونخوا قومی اسمبلی عدالت فیصلہ بجٹ ترقی منصوبہ کورونا ویکسین فلسطین غزہ اسرائیل اسلام آباد کراچی لاہور پشاور کوئٹہ حکومت عوام وزیراعظم پاکستان اجلاس سندھ پنجاب بلوچستان خیبرپختونخوا قومی اسمبلی عدالت فیصلہ بجٹ ترقی منصوبہ کورونا ویکسین فلسطین غزہ اسرائیل اسلام آباد کراچی لاہور پشاور کوئٹہ حکومت عوام وزیراعظم پاکستان اجلاس سندھ پنجاب بلوچستان خیبرپختونخوا قومی اسمبلی عدالت
خبرنمبر
13
اسلام آباد کراچی لاہور پشاور کوئٹہ حکومت عوام وزیراعظم پاکستان اجلاس سندھ پنجاب بلوچستان خیبرپختونخوا قومی اسمبلی عدالت فیصلہ بجٹ ترقی منصوبہ کورونا ویکسین فلسطین غزہ اسرائیل اسلام آباد کراچی لاہور پشاور کوئٹہ حکومت عوام وزیراعظم پاکستان اجلاس سندھ پنجاب بلوچستان خیبرپختونخوا قومی اسمبلی عدالت فیصلہ بجٹ ترقی منصوبہ کورونا ویکسین فلسطین غزہ اسرائیل اسلام آباد کراچی لاہور پشاور کوئٹہ حکومت عوام وزیراعظم پاکستان اجلاس سندھ پنجاب بلوچستان خیبرپختونخوا قومی اسمبلی عدالت فیصلہ بجٹ ترقی منصوبہ کورونا ویکسین فلسطین غزہ اسرائیل اسلام آباد کراچی لاہور پشاور کوئٹہ حکومت عوام وزیراعظم پاکستان اجلاس سندھ پنجاب بلوچستان خیبرپختونخوا قومی اسمبلی عدالت فیصلہ بجٹ ترقی منصوبہ کورونا ویکسین فلسطین غزہ اسرائیل اسلام آباد کراچی لاہور پشاور کوئٹہ حکومت عوام وزیراعظم پاکستان اجلاس سندھ پنجاب بلوچستان خیبرپختونخوا قومی اسمبلی عدالت فیصلہ بجٹ ترقی منصوبہ کورونا ویکسین فلسطین غزہ اسرائیل اسلام آباد کراچی لاہور پشاور کوئٹہ حکومت عوام وزیراعظم پاکستان اجلاس سندھ پنجاب بلوچستان خیبرپختونخوا قومی اسمبلی عدالت فیصلہ بجٹ ترقی منصوبہ کورونا ویکسین فلسطین غزہ اسرائیل اسلام آباد کراچی لاہور پشاور کوئٹہ حکومت عوام وزیراعظم پاکستان اجلاس سندھ پنجاب بلوچستان خیبرپختونخوا قومی اسمبلی عدالت فیصلہ بجٹ ترقی منصوبہ کورونا ویکسین فلسطین غزہ اسرائیل اسلام آباد کراچی لاہور پشاور کوئٹہ حکومت عوام وزیراعظم پاکستان اجلاس سندھ پنجاب بلوچستان خیبرپختونخوا قومی اسمبلی عدالت فیصلہ بجٹ ترقی منصوبہ کورونا ویکسین فلسطین غزہ اسرائیل اسلام آباد کراچی لاہور پشاور کوئٹہ حکومت عوام وزیراعظم پاکستان اجلاس سندھ پنجاب بلوچستان خیبرپختونخوا قومی اسمبلی عدالت
خبرنمبر
14
اسلام آباد کراچی لاہور پشاور کوئٹہ حکومت عوام وزیراعظم پاکستان اجلاس سندھ پنجاب بلوچستان خیبرپختونخوا قومی اسمبلی عدالت فیصلہ بجٹ ترقی منصوبہ کورونا ویکسین فلسطین غزہ اسرائیل اسلام آباد کراچی لاہور پشاور کوئٹہ حکومت عوام وزیراعظم پاکستان اجلاس سندھ پنجاب بلوچستان خیبرپختونخوا قومی اسمبلی عدالت فیصلہ بجٹ ترقی منصوبہ کورونا ویکسین فلسطین غزہ اسرائیل اسلام آباد کراچی لاہور پشاور کوئٹہ حکومت عوام وزیراعظم پاکستان اجلاس سندھ پنجاب بلوچستان خیبرپختونخوا قومی اسمبلی عدالت فیصلہ بجٹ ترقی منصوبہ کورونا ویکسین فلسطین غزہ اسرائیل اسلام آباد کراچی لاہور پشاور کوئٹہ حکومت عوام وزیراعظم پاکستان اجلاس سندھ پنجاب بلوچستان خیبرپختونخوا قومی اسمبلی عدالت فیصلہ بجٹ ترقی منصوبہ کورونا ویکسین فلسطین غزہ اسرائیل اسلام آباد کراچی لاہور پشاور کوئٹہ حکومت عوام وزیراعظم پاکستان اجلاس سندھ پنجاب بلوچستان خیبرپختونخوا قومی اسمبلی عدالت فیصلہ بجٹ ترقی منصوبہ کورونا ویکسین فلسطین غزہ اسرائیل اسلام آباد کراچی لاہور پشاور کوئٹہ حکومت عوام وزیراعظم پاکستان اجلاس سندھ پنجاب بلوچستان خیبرپختونخوا قومی اسمبلی عدالت فیصلہ بجٹ ترقی منصوبہ کورونا ویکسین فلسطین غزہ اسرائیل اسلام آباد کراچی لاہور پشاور کوئٹہ حکومت عوام وزیراعظم پاکستان اجلاس سندھ پنجاب بلوچستان خیبرپختونخوا قومی اسمبلی عدالت فیصلہ بجٹ ترقی منصوبہ کورونا ویکسین فلسطین غزہ اسرائیل اسلام آباد کراچی لاہور پشاور کوئٹہ حکومت عوام وزیراعظم پاکستان اجلاس سندھ پنجاب بلوچستان خیبرپختونخوا قومی اسمبلی عدالت فیصلہ بجٹ ترقی منصوبہ کورونا ویکسین فلسطین غزہ اسرائیل اسلام آباد کراچی لاہور پشاور کوئٹہ حکومت عوام وزیراعظم پاکستان اجلاس سندھ پنجاب بلوچستان خیبرپختونخوا قومی اسمبلی عدالت
خبرنمبر
15
اسلام آباد کراچی لاہور پشاور کوئٹہ حکومت عوام وزیراعظم پاکستان اجلاس سندھ پنجاب بلوچستان خیبرپختونخوا قومی اسمبلی عدالت فیصلہ بجٹ ترقی منصوبہ کورونا ویکسین فلسطین غزہ اسرائیل اسلام آباد کراچی لاہور پشاور کوئٹہ حکومت عوام وزیراعظم پاکستان اجلاس سندھ پنجاب بلوچستان خیبرپختونخوا قومی اسمبلی عدالت فیصلہ بجٹ ترقی منصوبہ کورونا ویکسین فلسطین غزہ اسرائیل اسلام آباد کراچی لاہور پشاور کوئٹہ حکومت عوام وزیراعظم پاکستان اجلاس سندھ پنجاب بلوچستان خیبرپختونخوا قومی اسمبلی عدالت فیصلہ بجٹ ترقی منصوبہ کورونا ویکسین فلسطین غزہ اسرائیل اسلام آباد کراچی لاہور پشاور کوئٹہ حکومت عوام وزیراعظم پاکستان اجلاس سندھ پنجاب بلوچستان خیبرپختونخوا قومی اسمبلی عدالت فیصلہ بجٹ ترقی منصوبہ کورونا ویکسین فلسطین غزہ اسرائیل اسلام آباد کراچی لاہور پشاور کوئٹہ حکومت عوام وزیراعظم پاکستان اجلاس سندھ پنجاب بلوچستان خیبرپختونخوا قومی اسمبلی عدالت فیصلہ بجٹ ترقی منصوبہ کورونا ویکسین فلسطین غزہ اسرائیل اسلام آباد کراچی لاہور پشاور کوئٹہ حکومت عوام وزیراعظم پاکستان اجلاس سندھ پنجاب بلوچستان خیبرپختونخوا قومی اسمبلی عدالت فیصلہ بجٹ ترقی منصوبہ کورونا ویکسین فلسطین غزہ اسرائیل اسلام آباد کراچی لاہور پشاور کوئٹہ حکومت عوام وزیراعظم پاکستان اجلاس سندھ پنجاب بلوچستان خیبرپختونخوا قومی اسمبلی عدالت فیصلہ بجٹ ترقی منصوبہ کورونا ویکسین فلسطین غزہ اسرائیل اسلام آباد کراچی لاہور پشاور کوئٹہ حکومت عوام وزیراعظم پاکستان اجلاس سندھ پنجاب بلوچستان خیبرپختونخوا قومی اسمبلی عدالت فیصلہ بجٹ ترقی منصوبہ کورونا ویکسین فلسطین غزہ اسرائیل اسلام آباد کراچی لاہور پشاور کوئٹہ حکومت عوام وزیراعظم پاکستان اجلاس سندھ پنجاب بلوچستان خیبرپختونخوا قومی اسمبلی عدالت
خبرنمبر
16
اسلام آباد کراچی لاہور پشاور کوئٹہ حکومت عوام وزیراعظم پاکستان اجلاس سندھ پنجاب بلوچستان خیبرپختونخوا قومی اسمبلی عدالت فیصلہ بجٹ ترقی منصوبہ کورونا ویکسین فلسطین غزہ اسرائیل اسلام آباد کراچی لاہور پشاور کوئٹہ حکومت عوام وزیراعظم پاکستان اجلاس سندھ پنجاب بلوچستان خیبرپختونخوا قومی اسمبلی عدالت فیصلہ بجٹ ترقی منصوبہ کورونا ویکسین فلسطین غزہ اسرائیل اسلام آباد کراچی لاہور پشاور کوئٹہ حکومت عوام وزیراعظم پاکستان اجلاس سندھ پنجاب بلوچستان خیبرپختونخوا قومی اسمبلی عدالت فیصلہ بجٹ ترقی منصوبہ کورونا ویکسین فلسطین غزہ اسرائیل اسلام آباد کراچی لاہور پشاور کوئٹہ حکومت عوام وزیراعظم پاکستان اجلاس سندھ پنجاب بلوچستان خیبرپختونخوا قومی اسمبلی عدالت فیصلہ بجٹ ترقی منصوبہ کورونا ویکسین فلسطین غزہ اسرائیل اسلام آباد کراچی لاہور پشاور کوئٹہ حکومت عوام وزیراعظم پاکستان اجلاس سندھ پنجاب بلوچستان خیبرپختونخوا قومی اسمبلی عدالت فیصلہ بجٹ ترقی منصوبہ کورونا ویکسین فلسطین غزہ اسرائیل اسلام آباد کراچی لاہور پشاور کوئٹہ حکومت عوام وزیراعظم پاکستان اجلاس سندھ پنجاب بلوچستان خیبرپختونخوا قومی اسمبلی عدالت فیصلہ بجٹ ترقی منصوبہ کورونا ویکسین فلسطین غزہ اسرائیل اسلام آباد کراچی لاہور پشاور کوئٹہ حکومت عوام وزیراعظم پاکستان اجلاس سندھ پنجاب بلوچستان خیبرپختونخوا قومی اسمبلی عدالت فیصلہ بجٹ ترقی منصوبہ کورونا ویکسین فلسطین غزہ اسرائیل اسلام آباد کراچی لاہور پشاور کوئٹہ حکومت عوام وزیراعظم پاکستان اجلاس سندھ پنجاب بلوچستان خیبرپختونخوا قومی اسمبلی عدالت فیصلہ بجٹ ترقی منصوبہ کورونا ویکسین فلسطین غزہ اسرائیل اسلام آباد کراچی لاہور پشاور کوئٹہ حکومت عوام وزیراعظم پاکستان اجلاس سندھ پنجاب بلوچستان خیبرپختونخوا قومی اسمبلی عدالت
خبرنمبر
17
اسلام آباد کراچی لاہور پشاور کوئٹہ حکومت عوام وزیراعظم پاکستان اجلاس سندھ پنجاب بلوچستان خیبرپختونخوا قومی اسمبلی عدالت فیصلہ بجٹ ترقی منصوبہ کورونا ویکسین فلسطین غزہ اسرائیل اسلام آباد کراچی لاہور پشاور کوئٹہ حکومت عوام وزیراعظم پاکستان اجلاس سندھ پنجاب بلوچستان خیبرپختونخوا قومی اسمبلی عدالت فیصلہ بجٹ ترقی منصوبہ کورونا ویکسین فلسطین غزہ اسرائیل اسلام آباد کراچی لاہور پشاور کوئٹہ حکومت عوام وزیراعظم پاکستان اجلاس سندھ پنجاب بلوچستان خیبرپختونخوا قومی اسمبلی عدالت فیصلہ بجٹ ترقی منصوبہ کورونا ویکسین فلسطین غزہ اسرائیل اسلام آباد کراچی لاہور پشاور کوئٹہ حکومت عوام وزیراعظم پاکستان اجلاس سندھ پنجاب بلوچستان خیبرپختونخوا قومی اسمبلی عدالت فیصلہ بجٹ ترقی منصوبہ کورونا ویکسین فلسطین غزہ اسرائیل اسلام آباد کراچی لاہور پشاور کوئٹہ حکومت عوام وزیراعظم پاکستان اجلاس سندھ پنجاب
خبرنمبر
18
اسلام آباد کراچی لاہور پشاور کوئٹہ حکومت عوام وزیراعظم پاکستان اجلاس سندھ پنجاب بلوچستان خیبرپختونخوا قومی اسمبلی عدالت فیصلہ بجٹ ترقی منصوبہ کورونا ویکسین فلسطین غزہ اسرائیل اسلام آباد کراچی لاہور پشاور کوئٹہ حکومت عوام وزیراعظم پاکستان اجلاس سندھ پنجاب بلوچستان خیبرپختونخوا قومی اسمبلی عدالت فیصلہ بجٹ ترقی منصوبہ کورونا ویکسین فلسطین غزہ اسرائیل اسلام آباد کراچی لاہور پشاور کوئٹہ حکومت عوام وزیراعظم پاکستان اجلاس سندھ پنجاب بلوچستان خیبرپختونخوا قومی اسمبلی عدالت فیصلہ بجٹ ترقی منصوبہ کورونا ویکسین فلسطین غزہ اسرائیل اسلام آباد کراچی لاہور پشاور کوئٹہ حکومت عوام وزیراعظم پاکستان اجلاس سندھ پنجاب بلوچستان خیبرپختونخوا قومی اسمبلی عدالت فیصلہ بجٹ ترقی منصوبہ کورونا ویکسین فلسطین غزہ اسرائیل اسلام آباد کراچی لاہور پشاور کوئٹہ حکومت عوام وزیراعظم پاکستان اجلاس سندھ پنجاب
خبرنمبر
19
اسلام آباد کراچی لاہور پشاور کوئٹہ حکومت عوام وزیراعظم پاکستان اجلاس سندھ پنجاب بلوچستان خیبرپختونخوا قومی اسمبلی عدالت فیصلہ بجٹ ترقی منصوبہ کورونا ویکسین فلسطین غزہ اسرائیل اسلام آباد کراچی لاہور پشاور کوئٹہ حکومت عوام وزیراعظم پاکستان اجلاس سندھ پنجاب بلوچستان خیبرپختونخوا قومی اسمبلی عدالت فیصلہ بجٹ ترقی منصوبہ کورونا ویکسین فلسطین غزہ اسرائیل اسلام آباد کراچی لاہور پشاور کوئٹہ حکومت عوام وزیراعظم پاکستان اجلاس سندھ پنجاب بلوچستان خیبرپختونخوا قومی اسمبلی عدالت فیصلہ بجٹ ترقی منصوبہ کورونا ویکسین فلسطین غزہ اسرائیل اسلام آباد کراچی لاہور پشاور کوئٹہ حکومت عوام وزیراعظم پاکستان اجلاس سندھ پنجاب بلوچستان خیبرپختونخوا قومی اسمبلی عدالت فیصلہ بجٹ ترقی منصوبہ کورونا ویکسین فلسطین غزہ اسرائیل اسلام آباد کراچی لاہور پشاور کوئٹہ حکومت عوام وزیراعظم پاکستان اجلاس سندھ پنجاب
خبرنمبر
20
اسلام آباد کراچی لاہور پشاور کوئٹہ حکومت عوام وزیراعظم پاکستان اجلاس سندھ پنجاب بلوچستان خیبرپختونخوا قومی اسمبلی عدالت فیصلہ بجٹ ترقی منصوبہ کورونا ویکسین فلسطین غزہ اسرائیل اسلام آباد کراچی لاہور پشاور کوئٹہ حکومت عوام وزیراعظم پاکستان اجلاس سندھ پنجاب بلوچستان خیبرپختونخوا قومی اسمبلی عدالت فیصلہ بجٹ ترقی منصوبہ کورونا ویکسین فلسطین غزہ اسرائیل اسلام آباد کراچی لاہور پشاور کوئٹہ حکومت عوام وزیراعظم پاکستان اجلاس سندھ پنجاب بلوچستان خیبرپختونخوا قومی اسمبلی عدالت فیصلہ بجٹ ترقی منصوبہ کورونا ویکسین فلسطین غزہ اسرائیل اسلام آباد کراچی لاہور پشاور کوئٹہ حکومت عوام وزیراعظم پاکستان اجلاس سندھ پنجاب بلوچستان خیبرپختونخوا قومی اسمبلی عدالت فیصلہ بجٹ ترقی منصوبہ کورونا ویکسین فلسطین غزہ اسرائیل اسلام آباد کراچی لاہور پشاور کوئٹہ حکومت عوام وزیراعظم پاکستان اجلاس سندھ پنجاب
خبرنمبر
21
اسلام آباد کراچی لاہور پشاور کوئٹہ حکومت عوام وزیراعظم پاکستان اجلاس سندھ پنجاب بلوچستان خیبرپختونخوا قومی اسمبلی عدالت فیصلہ بجٹ ترقی منصوبہ کورونا ویکسین فلسطین غزہ اسرائیل اسلام آباد کراچی لاہور پشاور کوئٹہ حکومت عوام وزیراعظم پاکستان اجلاس سندھ پنجاب بلوچستان خیبرپختونخوا قومی اسمبلی عدالت فیصلہ بجٹ ترقی منصوبہ کورونا ویکسین فلسطین غزہ اسرائیل اسلام آباد کراچی لاہور پشاور کوئٹہ حکومت عوام وزیراعظم پاکستان اجلاس سندھ پنجاب بلوچستان خیبرپختونخوا قومی اسمبلی عدالت فیصلہ بجٹ ترقی منصوبہ کورونا ویکسین فلسطین غزہ اسرائیل اسلام آباد کراچی لاہور پشاور کوئٹہ حکومت عوام وزیراعظم پاکستان اجلاس سندھ پنجاب بلوچستان خیبرپختونخوا قومی اسمبلی عدالت فیصلہ بجٹ ترقی منصوبہ کورونا ویکسین فلسطین غزہ اسرائیل اسلام آباد کراچی لاہور پشاور کوئٹہ حکومت عوام وزیراعظم پاکستان اجلاس سندھ پنجاب
خبرنمبر
22
اسلام آباد کراچی لاہور پشاور کوئٹہ حکومت عوام وزیراعظم پاکستان اجلاس سندھ پنجاب بلوچستان خیبرپختونخوا قومی اسمبلی عدالت فیصلہ بجٹ ترقی منصوبہ کورونا ویکسین فلسطین غزہ اسرائیل اسلام آباد کراچی لاہور پشاور کوئٹہ حکومت عوام وزیراعظم پاکستان اجلاس سندھ پنجاب بلوچستان خیبرپختونخوا قومی اسمبلی عدالت فیصلہ بجٹ ترقی منصوبہ کورونا ویکسین فلسطین غزہ اسرائیل اسلام آباد کراچی لاہور پشاور کوئٹہ حکومت عوام وزیراعظم پاکستان اجلاس سندھ پنجاب بلوچستان خیبرپختونخوا قومی اسمبلی عدالت فیصلہ بجٹ ترقی منصوبہ کورونا ویکسین فلسطین غزہ اسرائیل اسلام آباد کراچی لاہور پشاور کوئٹہ حکومت عوام وزیراعظم پاکستان اجلاس سندھ پنجاب بلوچستان خیبرپختونخوا قومی اسمبلی عدالت فیصلہ بجٹ ترقی منصوبہ کورونا ویکسین فلسطین غزہ اسرائیل اسلام آباد کراچی لاہور پشاور کوئٹہ حکومت عوام وزیراعظم پاکستان اجلاس سندھ پنجاب
خبرنمبر
23
اسلام آباد کراچی لاہور پشاور کوئٹہ حکومت عوام وزیراعظم پاکستان اجلاس سندھ پنجاب بلوچستان خیبرپختونخوا قومی اسمبلی عدالت فیصلہ بجٹ ترقی منصوبہ کورونا ویکسین فلسطین غزہ اسرائیل اسلام آباد کراچی لاہور پشاور کوئٹہ حکومت عوام وزیراعظم پاکستان اجلاس سندھ پنجاب بلوچستان خیبرپختونخوا قومی اسمبلی عدالت فیصلہ بجٹ ترقی منصوبہ کورونا ویکسین فلسطین غزہ اسرائیل اسلام آباد کراچی لاہور پشاور کوئٹہ حکومت عوام وزیراعظم پاکستان اجلاس سندھ پنجاب بلوچستان خیبرپختونخوا قومی اسمبلی عدالت فیصلہ بجٹ ترقی منصوبہ کورونا ویکسین فلسطین غزہ اسرائیل اسلام آباد کراچی لاہور پشاور کوئٹہ حکومت عوام وزیراعظم پاکستان اجلاس سندھ پنجاب بلوچستان خیبرپختونخوا قومی اسمبلی عدالت فیصلہ بجٹ ترقی منصوبہ کورونا ویکسین فلسطین غزہ اسرائیل اسلام آباد کراچی لاہور پشاور کوئٹہ حکومت عوام وزیراعظم پاکستان اجلاس سندھ پنجاب
خبرنمبر
24
اسلام آباد کراچی لاہور پشاور کوئٹہ حکومت عوام وزیراعظم پاکستان اجلاس سندھ پنجاب بلوچستان خیبرپختونخوا قومی اسمبلی عدالت فیصلہ بجٹ ترقی منصوبہ کورونا ویکسین فلسطین غزہ اسرائیل اسلام آباد کراچی لاہور پشاور کوئٹہ حکومت عوام وزیراعظم پاکستان اجلاس سندھ پنجاب بلوچستان خیبرپختونخوا قومی اسمبلی عدالت فیصلہ بجٹ ترقی منصوبہ کورونا ویکسین فلسطین غزہ اسرائیل اسلام آباد کراچی لاہور پشاور کوئٹہ حکومت عوام وزیراعظم پاکستان اجلاس سندھ پنجاب بلوچستان خیبرپختونخوا قومی اسمبلی عدالت فیصلہ بجٹ ترقی منصوبہ کورونا ویکسین فلسطین غزہ اسرائیل اسلام آباد کراچی لاہور پشاور کوئٹہ حکومت عوام وزیراعظم پاکستان اجلاس سندھ پنجاب بلوچستان خیبرپختونخوا قومی اسمبلی عدالت فیصلہ بجٹ ترقی منصوبہ کورونا ویکسین فلسطین غزہ اسرائیل اسلام آباد کراچی لاہور پشاور کوئٹہ حکومت عوام وزیراعظم پاکستان اجلاس سندھ پنجاب
خبرنمبر
25
اسلام آباد کراچی لاہور پشاور کوئٹہ حکومت عوام وزیراعظم پاکستان اجلاس سندھ پنجاب بلوچستان خیبرپختونخوا قومی اسمبلی عدالت فیصلہ بجٹ ترقی منصوبہ کورونا ویکسین فلسطین غزہ اسرائیل اسلام آباد کراچی لاہور پشاور کوئٹہ حکومت عوام وزیراعظم پاکستان اجلاس سندھ پنجاب بلوچستان خیبرپختونخوا قومی اسمبلی عدالت فیصلہ بجٹ ترقی منصوبہ کورونا ویکسین فلسطین غزہ اسرائیل اسلام آباد کراچی لاہور پشاور کوئٹہ حکومت عوام وزیراعظم پاکستان اجلاس سندھ پنجاب بلوچستان خیبرپختونخوا قومی اسمبلی عدالت فیصلہ بجٹ ترقی منصوبہ کورونا ویکسین فلسطین غزہ اسرائیل اسلام آباد کراچی لاہور پشاور کوئٹہ حکومت عوام وزیراعظم پاکستان اجلاس سندھ پنجاب بلوچستان خیبرپختونخوا قومی اسمبلی عدالت فیصلہ بجٹ ترقی منصوبہ کورونا ویکسین فلسطین غزہ اسرائیل اسلام آباد کراچی لاہور پشاور کوئٹہ حکومت عوام وزیراعظم پاکستان اجلاس سندھ پنجاب
خبرنمبر
26
اسلام آباد کراچی لاہور پشاور کوئٹہ حکومت عوام وزیراعظم پاکستان اجلاس سندھ پنجاب بلوچستان خیبرپختونخوا قومی اسمبلی عدالت فیصلہ بجٹ ترقی منصوبہ کورونا ویکسین فلسطین غزہ اسرائیل اسلام آباد کراچی لاہور پشاور کوئٹہ حکومت عوام وزیراعظم پاکستان اجلاس سندھ پنجاب بلوچستان خیبرپختونخوا قومی اسمبلی عدالت فیصلہ بجٹ ترقی منصوبہ کورونا ویکسین فلسطین غزہ اسرائیل اسلام آباد کراچی لاہور پشاور کوئٹہ حکومت عوام وزیراعظم پاکستان اجلاس سندھ پنجاب بلوچستان خیبرپختونخوا قومی اسمبلی عدالت فیصلہ بجٹ ترقی منصوبہ کورونا ویکسین فلسطین غزہ اسرائیل اسلام آباد کراچی لاہور پشاور کوئٹہ حکومت عوام وزیراعظم پاکستان اجلاس سندھ پنجاب بلوچستان خیبرپختونخوا قومی اسمبلی عدالت فیصلہ بجٹ ترقی منصوبہ کورونا ویکسین فلسطین غزہ اسرائیل اسلام آباد کراچی لاہور پشاور کوئٹہ حکومت عوام وزیراعظم پاکستان اجلاس سندھ پنجاب بلوچستان خیبرپختونخوا قومی اسمبلی عدالت فیصلہ بجٹ ترقی منصوبہ کورونا ویکسین فل
خبرنمبر
27
اسلام آباد کراچی لاہور پشاور کوئٹہ حکومت عوام وزیراعظم پاکستان اجلاس سندھ پنجاب بلوچستان خیبرپختونخوا قومی اسمبلی عدالت فیصلہ بجٹ ترقی منصوبہ کورونا ویکسین فلسطین غزہ اسرائیل اسلام آباد کراچی لاہور پشاور کوئٹہ حکومت عوام وزیراعظم پاکستان اجلاس سندھ پنجاب بلوچستان خیبرپختونخوا قومی اسمبلی عدالت فیصلہ بجٹ ترقی منصوبہ کورونا ویکسین فلسطین غزہ اسرائیل اسلام آباد کراچی لاہور پشاور کوئٹہ حکومت عوام وزیراعظم پاکستان اجلاس سندھ پنجاب بلوچستان خیبرپختونخوا قومی اسمبلی عدالت فیصلہ بجٹ ترقی منصوبہ کورونا ویکسین فلسطین غزہ اسرائیل اسلام آباد کراچی لاہور پشاور کوئٹہ حکومت عوام وزیراعظم پاکستان اجلاس سندھ پنجاب بلوچستان خیبرپختونخوا قومی اسمبلی عدالت فیصلہ بجٹ ترقی منصوبہ کورونا ویکسین فلسطین غزہ اسرائیل اسلام آباد کراچی لاہور پشاور کوئٹہ حکومت عوام وزیراعظم پاکستان اجلاس سندھ پنجاب بلوچستان خیبرپختونخوا قومی اسمبلی عدالت فیصلہ بجٹ ترقی منصوبہ کورونا ویکسین فل
خبرنمبر
28
اسلام آباد کراچی لاہور پشاور کوئٹہ حکومت عوام وزیراعظم پاکستان اجلاس سندھ پنجاب بلوچستان خیبرپختونخوا قومی اسمبلی عدالت فیصلہ بجٹ ترقی منصوبہ کورونا ویکسین فلسطین غزہ اسرائیل اسلام آباد کراچی لاہور پشاور کوئٹہ حکومت عوام وزیراعظم پاکستان اجلاس سندھ پنجاب بلوچستان خیبرپختونخوا قومی اسمبلی عدالت فیصلہ بجٹ ترقی منصوبہ کورونا ویکسین فلسطین غزہ اسرائیل اسلام آباد کراچی لاہور پشاور کوئٹہ حکومت عوام وزیراعظم پاکستان اجلاس سندھ پنجاب بلوچستان خیبرپختونخوا قومی اسمبلی عدالت فیصلہ بجٹ ترقی منصوبہ کورونا ویکسین فلسطین غزہ اسرائیل اسلام آباد کراچی لاہور پشاور کوئٹہ حکومت عوام وزیراعظم پاکستان اجلاس سندھ پنجاب بلوچستان خیبرپختونخوا قومی اسمبلی عدالت فیصلہ بجٹ ترقی منصوبہ کورونا ویکسین فلسطین غزہ اسرائیل اسلام آباد کراچی لاہور پشاور کوئٹہ حکومت عوام وزیراعظم پاکستان اجلاس سندھ پنجاب بلوچستان خیبرپختونخوا قومی اسمبلی عدالت فیصلہ بجٹ ترقی منصوبہ کورونا ویکسین فل
خبرنمبر
29
اسلام آباد کراچی لاہور پشاور کوئٹہ حکومت عوام وزیراعظم پاکستان اجلاس سندھ پنجاب بلوچستان خیبرپختونخوا قومی اسمبلی عدالت فیصلہ بجٹ ترقی منصوبہ کورونا ویکسین فلسطین غزہ اسرائیل اسلام آباد کراچی لاہور پشاور کوئٹہ حکومت عوام وزیراعظم پاکستان اجلاس سندھ پنجاب بلوچستان خیبرپختونخوا قومی اسمبلی عدالت فیصلہ بجٹ ترقی منصوبہ کورونا ویکسین فلسطین غزہ اسرائیل اسلام آباد کراچی لاہور پشاور کوئٹہ حکومت عوام وزیراعظم پاکستان اجلاس سندھ پنجاب بلوچستان خیبرپختونخوا قومی اسمبلی عدالت فیصلہ بجٹ ترقی منصوبہ کورونا ویکسین فلسطین غزہ اسرائیل اسلام آباد کراچی لاہور پشاور کوئٹہ حکومت عوام وزیراعظم پاکستان اجلاس سندھ پنجاب بلوچستان خیبرپختونخوا قومی اسمبلی عدالت فیصلہ بجٹ ترقی منصوبہ کورونا ویکسین فلسطین غزہ اسرائیل اسلام آباد کراچی لاہور پشاور کوئٹہ حکومت عوام وزیراعظم پاکستان اجلاس سندھ پنجاب بلوچستان خیبرپختونخوا قومی اسمبلی عدالت فیصلہ بجٹ ترقی منصوبہ کورونا ویکسین فل
خبرنمبر
30
اسلام آباد کراچی لاہور پشاور کوئٹہ حکومت عوام وزیراعظم پاکستان اجلاس سندھ پنجاب بلوچستان خیبرپختونخوا قومی اسمبلی عدالت فیصلہ بجٹ ترقی منصوبہ کورونا ویکسین فلسطین غزہ اسرائیل اسلام آباد کراچی لاہور پشاور کوئٹہ حکومت عوام وزیراعظم پاکستان اجلاس سندھ پنجاب بلوچستان خیبرپختونخوا قومی اسمبلی عدالت فیصلہ بجٹ ترقی منصوبہ کورونا ویکسین فلسطین غزہ اسرائیل اسلام آباد کراچی لاہور پشاور کوئٹہ حکومت عوام وزیراعظم پاکستان اجلاس سندھ پنجاب بلوچستان خیبرپختونخوا قومی اسمبلی عدالت فیصلہ بجٹ ترقی منصوبہ کورونا ویکسین فلسطین غزہ اسرائیل اسلام آباد کراچی لاہور پشاور کوئٹہ حکومت عوام وزیراعظم پاکستان اجلاس سندھ پنجاب بلوچستان خیبرپختونخوا قومی اسمبلی عدالت فیصلہ بجٹ ترقی منصوبہ کورونا ویکسین فلسطین غزہ اسرائیل اسلام آباد کراچی لاہور پشاور کوئٹہ حکومت عوام وزیراعظم پاکستان اجلاس سندھ پنجاب بلوچستان خیبرپختونخوا قومی اسمبلی عدالت فیصلہ بجٹ ترقی منصوبہ کورونا ویکسین فل
خبرنمبر
31
اسلام آباد کراچی لاہور پشاور کوئٹہ حکومت عوام وزیراعظم پاکستان اجلاس سندھ پنجاب بلوچستان خیبرپختونخوا قومی اسمبلی عدالت فیصلہ بجٹ ترقی منصوبہ کورونا ویکسین فلسطین غزہ اسرائیل اسلام آباد کراچی لاہور پشاور کوئٹہ حکومت عوام وزیراعظم پاکستان اجلاس سندھ پنجاب بلوچستان خیبرپختونخوا قومی اسمبلی عدالت فیصلہ بجٹ ترقی منصوبہ کورونا ویکسین فلسطین غزہ اسرائیل اسلام آباد کراچی لاہور پشاور کوئٹہ حکومت عوام وزیراعظم پاکستان اجلاس سندھ پنجاب بلوچستان خیبرپختونخوا قومی اسمبلی عدالت فیصلہ بجٹ ترقی منصوبہ کورونا ویکسین فلسطین غزہ اسرائیل اسلام آباد کراچی لاہور پشاور کوئٹہ حکومت عوام وزیراعظم پاکستان اجلاس سندھ پنجاب بلوچستان خیبرپختونخوا قومی اسمبلی عدالت فیصلہ بجٹ ترقی منصوبہ کورونا ویکسین فلسطین غزہ اسرائیل اسلام آباد کراچی لاہور پشاور کوئٹہ حکومت عوام وزیراعظم پاکستان اجلاس سندھ پنجاب بلوچستان خیبرپختونخوا قومی اسمبلی عدالت فیصلہ بجٹ ترقی منصوبہ کورونا ویکسین فل
خبرنمبر
32
اسلام آباد کراچی لاہور پشاور کوئٹہ حکومت عوام وزیراعظم پاکستان اجلاس سندھ پنجاب بلوچستان خیبرپختونخوا قومی اسمبلی عدالت فیصلہ بجٹ ترقی منصوبہ کورونا ویکسین فلسطین غزہ اسرائیل اسلام آباد کراچی لاہور پشاور کوئٹہ حکومت عوام وزیراعظم پاکستان اجلاس سندھ پنجاب بلوچستان خیبرپختونخوا قومی اسمبلی عدالت فیصلہ بجٹ ترقی منصوبہ کورونا ویکسین فلسطین غزہ اسرائیل اسلام آباد کراچی لاہور پشاور کوئٹہ حکومت عوام وزیراعظم پاکستان اجلاس سندھ پنجاب بلوچستان خیبرپختونخوا قومی اسمبلی عدالت فیصلہ بجٹ ترقی منصوبہ کورونا ویکسین فلسطین غزہ اسرائیل اسلام آباد کراچی لاہور پشاور کوئٹہ حکومت عوام وزیراعظم پاکستان اجلاس سندھ پنجاب بلوچستان خیبرپختونخوا قومی اسمبلی عدالت فیصلہ بجٹ ترقی منصوبہ کورونا ویکسین فلسطین غزہ اسرائیل اسلام آباد کراچی لاہور پشاور کوئٹہ حکومت عوام وزیراعظم پاکستان اجلاس سندھ پنجاب بلوچستان خیبرپختونخوا قومی اسمبلی عدالت فیصلہ بجٹ ترقی منصوبہ کورونا ویکسین فل
خبرنمبر
33
اسلام آباد کراچی لاہور پشاور کوئٹہ حکومت عوام وزیراعظم پاکستان اجلاس سندھ پنجاب بلوچستان خیبرپختونخوا قومی اسمبلی عدالت فیصلہ بجٹ ترقی منصوبہ کورونا ویکسین فلسطین غزہ اسرائیل اسلام آباد کراچی لاہور پشاور کوئٹہ حکومت عوام وزیراعظم پاکستان اجلاس سندھ پنجاب بلوچستان خیبرپختونخوا قومی اسمبلی عدالت فیصلہ بجٹ ترقی منصوبہ کورونا ویکسین فلسطین غزہ اسرائیل اسلام آباد کراچی لاہور پشاور کوئٹہ حکومت عوام وزیراعظم پاکستان اجلاس سندھ پنجاب بلوچستان خیبرپختونخوا قومی اسمبلی عدالت فیصلہ بجٹ ترقی منصوبہ کورونا ویکسین فلسطین غزہ اسرائیل اسلام آباد کراچی لاہور پشاور کوئٹہ حکومت عوام وزیراعظم پاکستان اجلاس سندھ پنجاب بلوچستان خیبرپختونخوا قومی اسمبلی عدالت فیصلہ بجٹ ترقی منصوبہ کورونا ویکسین فلسطین غزہ اسرائیل اسلام آباد کراچی لاہور پشاور کوئٹہ حکومت عوام وزیراعظم پاکستان اجلاس سندھ پنجاب بلوچستان خیبرپختونخوا قومی اسمبلی عدالت فیصلہ بجٹ ترقی منصوبہ کورونا ویکسین فل
خبرنمبر
34
اسلام آباد کراچی لاہور پشاور کوئٹہ حکومت عوام وزیراعظم پاکستان اجلاس سندھ پنجاب بلوچستان خیبرپختونخوا قومی اسمبلی عدالت فیصلہ بجٹ ترقی منصوبہ کورونا ویکسین فلسطین غزہ اسرائیل اسلام آباد کراچی لاہور پشاور کوئٹہ حکومت عوام وزیراعظم پاکستان اجلاس سندھ پنجاب بلوچستان خیبرپختونخوا قومی اسمبلی عدالت فیصلہ بجٹ ترقی منصوبہ کورونا ویکسین فلسطین غزہ اسرائیل اسلام آباد کراچی لاہور پشاور کوئٹہ حکومت عوام وزیراعظم پاکستان اجلاس سندھ پنجاب بلوچستان خیبرپختونخوا قومی اسمبلی عدالت فیصلہ بجٹ ترقی منصوبہ کورونا ویکسین فلسطین غزہ اسرائیل اسلام آباد کراچی لاہور پشاور کوئٹہ حکومت عوام وزیراعظم پاکستان اجلاس سندھ پنجاب بلوچستان خیبرپختونخوا قومی اسمبلی عدالت فیصلہ بجٹ ترقی منصوبہ کورونا ویکسین فلسطین غزہ اسرائیل اسلام آباد کراچی لاہور پشاور کوئٹہ حکومت عوام وزیراعظم پاکستان اجلاس سندھ پنجاب
خبرنمبر
35
اسلام آباد کراچی لاہور پشاور کوئٹہ حکومت عوام وزیراعظم پاکستان اجلاس سندھ پنجاب بلوچستان خیبرپختونخوا قومی اسمبلی عدالت فیصلہ بجٹ ترقی منصوبہ کورونا ویکسین فلسطین غزہ اسرائیل اسلام آباد کراچی لاہور پشاور کوئٹہ حکومت عوام وزیراعظم پاکستان اجلاس سندھ پنجاب بلوچستان خیبرپختونخوا قومی اسمبلی عدالت فیصلہ بجٹ ترقی منصوبہ کورونا ویکسین فلسطین غزہ اسرائیل اسلام آباد کراچی لاہور پشاور کوئٹہ حکومت عوام وزیراعظم پاکستان اجلاس سندھ پنجاب بلوچستان خیبرپختونخوا قومی اسمبلی عدالت فیصلہ بجٹ ترقی منصوبہ کورونا ویکسین فلسطین غزہ اسرائیل اسلام آباد کراچی لاہور پشاور کوئٹہ حکومت عوام وزیراعظم پاکستان اجلاس سندھ پنجاب بلوچستان خیبرپختونخوا قومی اسمبلی عدالت فیصلہ بجٹ ترقی منصوبہ کورونا ویکسین فلسطین غزہ اسرائیل اسلام آباد کراچی لاہور پشاور کوئٹہ حکومت عوام وزیراعظم پاکستان اجلاس سندھ پنجاب
خبرنمبر
36
اسلام آباد کراچی لاہور پشاور کوئٹہ حکومت عوام وزیراعظم پاکستان اجلاس سندھ پنجاب بلوچستان خیبرپختونخوا قومی اسمبلی عدالت فیصلہ بجٹ ترقی منصوبہ کورونا ویکسین فلسطین غزہ اسرائیل اسلام آباد کراچی لاہور پشاور کوئٹہ حکومت عوام وزیراعظم پاکستان اجلاس سندھ پنجاب بلوچستان خیبرپختونخوا قومی اسمبلی عدالت فیصلہ بجٹ ترقی منصوبہ کورونا ویکسین فلسطین غزہ اسرائیل اسلام آباد کراچی لاہور پشاور کوئٹہ حکومت عوام وزیراعظم پاکستان اجلاس سندھ پنجاب بلوچستان خیبرپختونخوا قومی اسمبلی عدالت فیصلہ بجٹ ترقی منصوبہ کورونا ویکسین فلسطین غزہ اسرائیل اسلام آباد کراچی لاہور پشاور کوئٹہ حکومت عوام وزیراعظم پاکستان اجلاس سندھ پنجاب بلوچستان خیبرپختونخوا قومی اسمبلی عدالت فیصلہ بجٹ ترقی منصوبہ کورونا ویکسین فلسطین غزہ اسرائیل اسلام آباد کراچی لاہور پشاور کوئٹہ حکومت عوام وزیراعظم پاکستان اجلاس سندھ پنجاب
خبرنمبر
37
اسلام آباد کراچی لاہور پشاور کوئٹہ حکومت عوام وزیراعظم پاکستان اجلاس سندھ پنجاب بلوچستان خیبرپختونخوا قومی اسمبلی عدالت فیصلہ بجٹ ترقی منصوبہ کورونا ویکسین فلسطین غزہ اسرائیل اسلام آباد کراچی لاہور پشاور کوئٹہ حکومت عوام وزیراعظم پاکستان اجلاس سندھ پنجاب بلوچستان خیبرپختونخوا قومی اسمبلی عدالت فیصلہ بجٹ ترقی منصوبہ کورونا ویکسین فلسطین غزہ اسرائیل اسلام آباد کراچی لاہور پشاور کوئٹہ حکومت عوام وزیراعظم پاکستان اجلاس سندھ پنجاب بلوچستان خیبرپختونخوا قومی اسمبلی عدالت فیصلہ بجٹ ترقی منصوبہ کورونا ویکسین فلسطین غزہ اسرائیل اسلام آباد کراچی لاہور پشاور کوئٹہ حکومت عوام وزیراعظم پاکستان اجلاس سندھ پنجاب بلوچستان خیبرپختونخوا قومی اسمبلی عدالت فیصلہ بجٹ ترقی منصوبہ کورونا ویکسین فلسطین غزہ اسرائیل اسلام آباد کراچی لاہور پشاور کوئٹہ حکومت عوام وزیراعظم پاکستان اجلاس سندھ پنجاب
خبرنمبر
38
اسلام آباد کراچی لاہور پشاور کوئٹہ حکومت عوام وزیراعظم پاکستان اجلاس سندھ پنجاب بلوچستان خیبرپختونخوا قومی اسمبلی عدالت فیصلہ بجٹ ترقی منصوبہ کورونا ویکسین فلسطین غزہ اسرائیل اسلام آباد کراچی لاہور پشاور کوئٹہ حکومت عوام وزیراعظم پاکستان اجلاس سندھ پنجاب بلوچستان خیبرپختونخوا قومی اسمبلی عدالت فیصلہ بجٹ ترقی منصوبہ کورونا ویکسین فلسطین غزہ اسرائیل اسلام آباد کراچی لاہور پشاور کوئٹہ حکومت عوام وزیراعظم پاکستان اجلاس سندھ پنجاب بلوچستان خیبرپختونخوا قومی اسمبلی عدالت فیصلہ بجٹ ترقی منصوبہ کورونا ویکسین فلسطین غزہ اسرائیل اسلام آباد کراچی لاہور پشاور کوئٹہ حکومت عوام وزیراعظم پاکستان اجلاس سندھ پنجاب بلوچستان خیبرپختونخوا قومی اسمبلی عدالت فیصلہ بجٹ ترقی منصوبہ کورونا ویکسین فلسطین غزہ اسرائیل اسلام آباد کراچی لاہور پشاور کوئٹہ حکومت عوام وزیراعظم پاکستان اجلاس سندھ پنجاب
خبرنمبر
39
اسلام آباد کراچی لاہور پشاور کوئٹہ حکومت عوام وزیراعظم پاکستان اجلاس سندھ پنجاب بلوچستان خیبرپختونخوا قومی اسمبلی عدالت فیصلہ بجٹ ترقی منصوبہ کورونا ویکسین فلسطین غزہ اسرائیل اسلام آباد کراچی لاہور پشاور کوئٹہ حکومت عوام وزیراعظم پاکستان اجلاس سندھ پنجاب بلوچستان خیبرپختونخوا قومی اسمبلی عدالت فیصلہ بجٹ ترقی منصوبہ کورونا ویکسین فلسطین غزہ اسرائیل اسلام آباد کراچی لاہور پشاور کوئٹہ حکومت عوام وزیراعظم پاکستان اجلاس سندھ پنجاب بلوچستان خیبرپختونخوا قومی اسمبلی عدالت فیصلہ بجٹ ترقی منصوبہ کورونا ویکسین فلسطین غزہ اسرائیل اسلام آباد کراچی لاہور پشاور کوئٹہ حکومت عوام وزیراعظم پاکستان اجلاس سندھ پنجاب بلوچستان خیبرپختونخوا قومی اسمبلی عدالت فیصلہ بجٹ ترقی منصوبہ کورونا ویکسین فلسطین غزہ اسرائیل اسلام آباد کراچی لاہور پشاور کوئٹہ حکومت عوام وزیراعظم پاکستان اجلاس سندھ پنجاب
خبرنمبر
40
اسلام آباد کراچی لاہور پشاور کوئٹہ حکومت عوام وزیراعظم پاکستان اجلاس سندھ پنجاب بلوچستان خیبرپختونخوا قومی اسمبلی عدالت فیصلہ بجٹ ترقی منصوبہ کورونا ویکسین فلسطین غزہ اسرائیل اسلام آباد کراچی لاہور پشاور کوئٹہ حکومت عوام وزیراعظم پاکستان اجلاس سندھ پنجاب بلوچستان خیبرپختونخوا قومی اسمبلی عدالت فیصلہ بجٹ ترقی منصوبہ کورونا ویکسین فلسطین غزہ اسرائیل اسلام آباد کراچی لاہور پشاور کوئٹہ حکومت عوام وزیراعظم پاکستان اجلاس سندھ پنجاب بلوچستان خیبرپختونخوا قومی اسمبلی عدالت فیصلہ بجٹ ترقی منصوبہ کورونا ویکسین فلسطین غزہ اسرائیل اسلام آباد کراچی لاہور پشاور کوئٹہ حکومت عوام وزیراعظم پاکستان اجلاس سندھ پنجاب بلوچستان خیبرپختونخوا قومی اسمبلی عدالت فیصلہ بجٹ ترقی منصوبہ کورونا ویکسین فلسطین غزہ اسرائیل اسلام آباد کراچی لاہور پشاور کوئٹہ حکومت عوام وزیراعظم پاکستان اجلاس سندھ پنجاب
خبرنمبر
41
اسلام آباد کراچی لاہور پشاور کوئٹہ حکومت عوام وزیراعظم پاکستان اجلاس سندھ پنجاب بلوچستان خیبرپختونخوا قومی اسمبلی عدالت فیصلہ بجٹ ترقی منصوبہ کورونا ویکسین فلسطین غزہ اسرائیل اسلام آباد کراچی لاہور پشاور کوئٹہ حکومت عوام وزیراعظم پاکستان اجلاس سندھ پنجاب بلوچستان خیبرپختونخوا قومی اسمبلی عدالت فیصلہ بجٹ ترقی منصوبہ کورونا ویکسین فلسطین غزہ اسرائیل اسلام آباد کراچی لاہور پشاور کوئٹہ حکومت عوام وزیراعظم پاکستان اجلاس سندھ پنجاب بلوچستان خیبرپختونخوا قومی اسمبلی عدالت فیصلہ بجٹ ترقی منصوبہ کورونا ویکسین فلسطین غزہ اسرائیل اسلام آباد کراچی لاہور پشاور کوئٹہ حکومت عوام وزیراعظم پاکستان اجلاس سندھ پنجاب بلوچستان خیبرپختونخوا قومی اسمبلی عدالت فیصلہ بجٹ ترقی منصوبہ کورونا ویکسین فلسطین غزہ اسرائیل اسلام آباد کراچی لاہور پشاور کوئٹہ حکومت عوام وزیراعظم پاکستان اجلاس سندھ پنجاب
خبرنمبر
42
اسلام آباد کراچی لاہور پشاور کوئٹہ حکومت عوام وزیراعظم پاکستان اجلاس سندھ پنجاب بلوچستان خیبرپختونخوا قومی اسمبلی عدالت فیصلہ بجٹ ترقی منصوبہ کورونا ویکسین فلسطین غزہ اسرائیل اسلام آباد کراچی لاہور پشاور کوئٹہ حکومت عوام وزیراعظم پاکستان اجلاس سندھ پنجاب بلوچستان خیبرپختونخوا قومی اسمبلی عدالت فیصلہ بجٹ ترقی منصوبہ کورونا ویکسین فلسطین غزہ اسرائیل اسلام آباد کراچی لاہور پشاور کوئٹہ حکومت عوام وزیراعظم پاکستان اجلاس سندھ پنجاب بلوچستان خیبرپختونخوا قومی اسمبلی عدالت فیصلہ بجٹ ترقی منصوبہ کورونا ویکسین فلسطین غزہ اسرائیل اسلام آباد کراچی لاہور پشاور کوئٹہ حکومت عوام وزیراعظم پاکستان اجلاس سندھ پنجاب بلوچستان خیبرپختونخوا قومی اسمبلی عدالت فیصلہ بجٹ ترقی منصوبہ کورونا ویکسین فلسطین غزہ اسرائیل اسلام آباد کراچی لاہور پشاور کوئٹہ حکومت عوام وزیراعظم پاکستان اجلاس سندھ پنجاب
خبرنمبر
43
اسلام آباد کراچی لاہور پشاور کوئٹہ حکومت عوام وزیراعظم پاکستان اجلاس سندھ پنجاب بلوچستان خیبرپختونخوا قومی اسمبلی عدالت فیصلہ بجٹ ترقی منصوبہ کورونا ویکسین فلسطین غزہ اسرائیل اسلام آباد کراچی لاہور پشاور کوئٹہ حکومت عوام وزیراعظم پاکستان اجلاس سندھ پنجاب بلوچستان خیبرپختونخوا قومی اسمبلی عدالت فیصلہ بجٹ ترقی منصوبہ کورونا ویکسین فلسطین غزہ اسرائیل اسلام آباد کراچی لاہور پشاور کوئٹہ حکومت عوام وزیراعظم پاکستان اجلاس سندھ پنجاب بلوچستان خیبرپختونخوا قومی اسمبلی عدالت فیصلہ بجٹ ترقی منصوبہ کورونا ویکسین فلسطین غزہ اسرائیل اسلام آباد کراچی لاہور
خبرنمبر
44
اسلام آباد کراچی لاہور پشاور کوئٹہ حکومت عوام وزیراعظم پاکستان اجلاس سندھ پنجاب بلوچستان خیبرپختونخوا قومی اسمبلی عدالت فیصلہ بجٹ ترقی منصوبہ کورونا ویکسین فلسطین غزہ اسرائیل اسلام آباد کراچی لاہور پشاور کوئٹہ حکومت عوام وزیراعظم پاکستان اجلاس سندھ پنجاب بلوچستان خیبرپختونخوا قومی اسمبلی عدالت فیصلہ بجٹ ترقی منصوبہ کورونا ویکسین فلسطین غزہ اسرائیل اسلام آباد کراچی لاہور پشاور کوئٹہ حکومت عوام وزیراعظم پاکستان اجلاس سندھ پنجاب بلوچستان خیبرپختونخوا قومی اسمبلی عدالت فیصلہ بجٹ ترقی منصوبہ کورونا ویکسین فلسطین غزہ اسرائیل اسلام آباد کراچی لاہور
خبرنمبر
45
اسلام آباد کراچی لاہور پشاور کوئٹہ حکومت عوام وزیراعظم پاکستان اجلاس سندھ پنجاب بلوچستان خیبرپختونخوا قومی اسمبلی عدالت فیصلہ بجٹ ترقی منصوبہ کورونا ویکسین فلسطین غزہ اسرائیل اسلام آباد کراچی لاہور پشاور کوئٹہ حکومت عوام وزیراعظم پاکستان اجلاس سندھ پنجاب بلوچستان خیبرپختونخوا قومی اسمبلی عدالت فیصلہ بجٹ ترقی منصوبہ کورونا ویکسین فلسطین غزہ اسرائیل اسلام آباد کراچی لاہور پشاور کوئٹہ حکومت عوام وزیراعظم پاکستان اجلاس سندھ پنجاب بلوچستان خیبرپختونخوا قومی اسمبلی عدالت فیصلہ بجٹ ترقی منصوبہ کورونا ویکسین فلسطین غزہ اسرائیل اسلام آباد کراچی لاہور
خبرنمبر
46
اسلام آباد کراچی لاہور پشاور کوئٹہ حکومت عوام وزیراعظم پاکستان اجلاس سندھ پنجاب بلوچستان خیبرپختونخوا قومی اسمبلی عدالت فیصلہ بجٹ ترقی منصوبہ کورونا ویکسین فلسطین غزہ اسرائیل اسلام آباد کراچی لاہور پشاور کوئٹہ حکومت عوام وزیراعظم پاکستان اجلاس سندھ پنجاب بلوچستان خیبرپختونخوا قومی اسمبلی عدالت فیصلہ بجٹ ترقی منصوبہ کورونا ویکسین فلسطین غزہ اسرائیل اسلام آباد کراچی لاہور پشاور کوئٹہ حکومت عوام وزیراعظم پاکستان اجلاس سندھ پنجاب بلوچستان خیبرپختونخوا قومی اسمبلی عدالت فیصلہ بجٹ ترقی منصوبہ کورونا ویکسین فلسطین غزہ اسرائیل اسلام آباد کراچی لاہور
خبرنمبر
47
اسلام آباد کراچی لاہور پشاور کوئٹہ حکومت عوام وزیراعظم پاکستان اجلاس سندھ پنجاب بلوچستان خیبرپختونخوا قومی اسمبلی عدالت فیصلہ بجٹ ترقی منصوبہ کورونا ویکسین فلسطین غزہ اسرائیل اسلام آباد کراچی لاہور پشاور کوئٹہ حکومت عوام وزیراعظم پاکستان اجلاس سندھ پنجاب بلوچستان خیبرپختونخوا قومی اسمبلی عدالت فیصلہ بجٹ ترقی منصوبہ کورونا ویکسین فلسطین غزہ اسرائیل اسلام آباد کراچی لاہور پشاور کوئٹہ حکومت عوام وزیراعظم پاکستان اجلاس سندھ پنجاب بلوچستان خیبرپختونخوا قومی اسمبلی عدالت فیصلہ بجٹ ترقی منصوبہ کورونا ویکسین فلسطین غزہ اسرائیل اسلام آباد کراچی لاہور
خبرنمبر
48
اسلام آباد کراچی لاہور پشاور کوئٹہ حکومت عوام وزیراعظم پاکستان اجلاس سندھ پنجاب بلوچستان خیبرپختونخوا قومی اسمبلی عدالت فیصلہ بجٹ ترقی منصوبہ کورونا ویکسین فلسطین غزہ اسرائیل اسلام آباد کراچی لاہور پشاور کوئٹہ حکومت عوام وزیراعظم پاکستان اجلاس سندھ پنجاب بلوچستان خیبرپختونخوا قومی اسمبلی عدالت فیصلہ بجٹ ترقی منصوبہ کورونا ویکسین فلسطین غزہ اسرائیل اسلام آباد کراچی لاہور پشاور کوئٹہ حکومت عوام وزیراعظم پاکستان اجلاس سندھ پنجاب بلوچستان خیبرپختونخوا قومی اسمبلی عدالت فیصلہ بجٹ ترقی منصوبہ کورونا ویکسین فلسطین غزہ اسرائیل اسلام آباد کراچی لاہور
خبرنمبر
49
اسلام آباد کراچی لاہور پشاور کوئٹہ حکومت عوام وزیراعظم پاکستان اجلاس سندھ پنجاب بلوچستان خیبرپختونخوا قومی اسمبلی عدالت فیصلہ بجٹ ترقی منصوبہ کورونا ویکسین فلسطین غزہ اسرائیل اسلام آباد کراچی لاہور پشاور کوئٹہ حکومت عوام وزیراعظم پاکستان اجلاس سندھ پنجاب بلوچستان خیبرپختونخوا قومی اسمبلی عدالت فیصلہ بجٹ ترقی منصوبہ کورونا ویکسین فلسطین غزہ اسرائیل اسلام آباد کراچی لاہور پشاور کوئٹہ حکومت عوام وزیراعظم پاکستان اجلاس سندھ پنجاب بلوچستان خیبرپختونخوا قومی اسمبلی عدالت فیصلہ بجٹ ترقی منصوبہ کورونا ویکسین فلسطین غزہ اسرائیل اسلام آباد کراچی لاہور
خبرنمبر
50
اسلام آباد کراچی لاہور پشاور کوئٹہ حکومت عوام وزیراعظم پاکستان اجلاس سندھ پنجاب بلوچستان خیبرپختونخوا قومی اسمبلی عدالت فیصلہ بجٹ ترقی منصوبہ کورونا ویکسین فلسطین غزہ اسرائیل اسلام آباد کراچی لاہور پشاور کوئٹہ حکومت عوام وزیراعظم پاکستان اجلاس سندھ پنجاب بلوچستان خیبرپختونخوا قومی اسمبلی عدالت فیصلہ بجٹ ترقی منصوبہ کورونا ویکسین فلسطین غزہ اسرائیل اسلام آباد کراچی لاہور پشاور کوئٹہ حکومت عوام وزیراعظم پاکستان اجلاس سندھ پنجاب بلوچستان خیبرپختونخوا قومی اسمبلی عدالت فیصلہ بجٹ ترقی منصوبہ کورونا ویکسین فلسطین غزہ اسرائیل اسلام آباد کراچی لاہور
خبرنمبر
51
اسلام آباد کراچی لاہور پشاور کوئٹہ حکومت عوام وزیراعظم پاکستان اجلاس سندھ پنجاب بلوچستان خیبرپختونخوا قومی اسمبلی عدالت فیصلہ بجٹ ترقی منصوبہ کورونا ویکسین فلسطین غزہ اسرائیل اسلام آباد کراچی لاہور پشاور کوئٹہ حکومت عوام وزیراعظم پاکستان اجلاس سندھ پنجاب بلوچستان خیبرپختونخوا قومی اسمبلی عدالت فیصلہ بجٹ ترقی منصوبہ کورونا ویکسین فلسطین غزہ اسرائیل اسلام آباد کراچی لاہور پشاور کوئٹہ حکومت عوام وزیراعظم پاکستان اجلاس سندھ پنجاب بلوچستان خیبرپختونخوا قومی اسمبلی عدالت فیصلہ بجٹ ترقی منصوبہ کورونا ویکسین فلسطین غزہ اسرائیل اسلام آباد کراچی لاہور
خبرنمبر
52
اسلام آباد کراچی لاہور پشاور کوئٹہ حکومت عوام وزیراعظم پاکستان اجلاس سندھ پنجاب بلوچستان خیبرپختونخوا قومی اسمبلی عدالت فیصلہ بجٹ ترقی منصوبہ کورونا ویکسین فلسطین غزہ اسرائیل اسلام آباد کراچی لاہور پشاور کوئٹہ حکومت عوام وزیراعظم پاکستان اجلاس سندھ پنجاب بلوچستان خیبرپختونخوا قومی اسمبلی عدالت فیصلہ بجٹ ترقی منصوبہ کورونا ویکسین فلسطین غزہ اسرائیل اسلام آباد کراچی لاہور پشاور کوئٹہ حکومت عوام وزیراعظم پاکستان اجلاس سندھ پنجاب بلوچستان خیبرپختونخوا قومی اسمبلی عدالت فیصلہ بجٹ ترقی منصوبہ کورونا ویکسین فلسطین غزہ اسرائیل اسلام آباد کراچی لاہور
خبرنمبر
53
اسلام آباد کراچی لاہور پشاور کوئٹہ حکومت عوام وزیراعظم پاکستان اجلاس سندھ پنجاب بلوچستان خیبرپختونخوا قومی اسمبلی عدالت فیصلہ بجٹ ترقی منصوبہ کورونا ویکسین فلسطین غزہ اسرائیل اسلام آباد کراچی لاہور پشاور کوئٹہ حکومت عوام وزیراعظم پاکستان اجلاس سندھ پنجاب بلوچستان خیبرپختونخوا قومی اسمبلی عدالت فیصلہ بجٹ ترقی منصوبہ کورونا ویکسین فلسطین غزہ اسرائیل اسلام آباد کراچی لاہور پشاور کوئٹہ حکومت عوام وزیراعظم پاکستان اجلاس سندھ پنجاب بلوچستان خیبرپختونخوا قومی اسمبلی عدالت فیصلہ بجٹ ترقی منصوبہ کورونا ویکسین فلسطین غزہ اسرائیل اسلام آباد کراچی لاہور
خبرنمبر
54
اسلام آباد کراچی لاہور پشاور کوئٹہ حکومت عوام وزیراعظم پاکستان اجلاس سندھ پنجاب بلوچستان خیبرپختونخوا قومی اسمبلی عدالت فیصلہ بجٹ ترقی منصوبہ کورونا ویکسین فلسطین غزہ اسرائیل اسلام آباد کراچی لاہور پشاور کوئٹہ حکومت عوام وزیراعظم پاکستان اجلاس سندھ پنجاب بلوچستان خیبرپختونخوا قومی اسمبلی عدالت فیصلہ بجٹ ترقی منصوبہ کورونا ویکسین فلسطین غزہ اسرائیل اسلام آباد کراچی لاہور پشاور کوئٹہ حکومت عوام وزیراعظم پاکستان اجلاس سندھ پنجاب بلوچستان خیبرپختونخوا قومی اسمبلی عدالت فیصلہ بجٹ ترقی منصوبہ کورونا ویکسین فلسطین غزہ اسرائیل اسلام آباد کراچی لاہور
